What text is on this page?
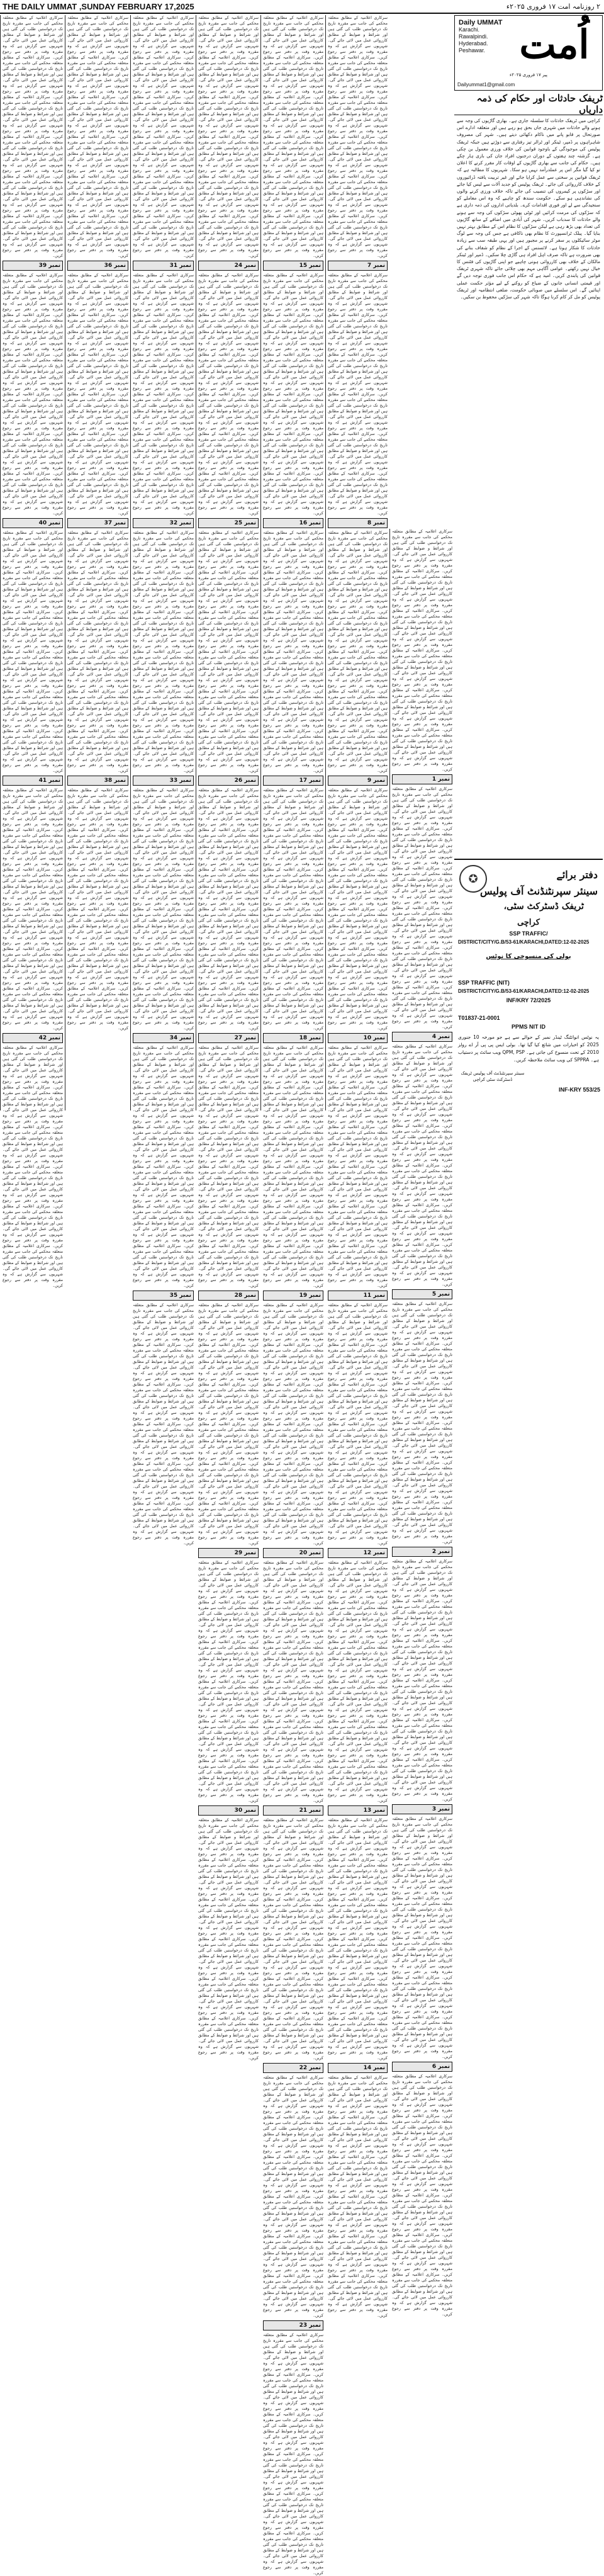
THE DAILY UMMAT ,SUNDAY FEBRUARY 17,2025	۲ روزنامہ امت ۱۷ فروری ۲۰۲۵ء
سرکاری اعلامیہ کے مطابق متعلقہ محکمے کی جانب سے مقررہ تاریخ تک درخواستیں طلب کی گئی ہیں اور شرائط و ضوابط کے مطابق کارروائی عمل میں لائی جائے گی۔ شہریوں سے گزارش ہے کہ وہ مقررہ وقت پر دفتر سے رجوع کریں۔ سرکاری اعلامیہ کے مطابق متعلقہ محکمے کی جانب سے مقررہ تاریخ تک درخواستیں طلب کی گئی ہیں اور شرائط و ضوابط کے مطابق کارروائی عمل میں لائی جائے گی۔ شہریوں سے گزارش ہے کہ وہ مقررہ وقت پر دفتر سے رجوع کریں۔ سرکاری اعلامیہ کے مطابق متعلقہ محکمے کی جانب سے مقررہ تاریخ تک درخواستیں طلب کی گئی ہیں اور شرائط و ضوابط کے مطابق کارروائی عمل میں لائی جائے گی۔ شہریوں سے گزارش ہے کہ وہ مقررہ وقت پر دفتر سے رجوع کریں۔ سرکاری اعلامیہ کے مطابق متعلقہ محکمے کی جانب سے مقررہ تاریخ تک درخواستیں طلب کی گئی ہیں اور شرائط و ضوابط کے مطابق کارروائی عمل میں لائی جائے گی۔ شہریوں سے گزارش ہے کہ وہ مقررہ وقت پر دفتر سے رجوع کریں۔ سرکاری اعلامیہ کے مطابق متعلقہ محکمے کی جانب سے مقررہ تاریخ تک درخواستیں طلب کی گئی ہیں اور شرائط و ضوابط کے مطابق کارروائی عمل میں لائی جائے گی۔ شہریوں سے گزارش ہے کہ وہ مقررہ وقت پر دفتر سے رجوع کریں۔ سرکاری اعلامیہ کے مطابق متعلقہ محکمے کی جانب سے مقررہ تاریخ تک درخواستیں طلب کی گئی ہیں اور شرائط و ضوابط کے مطابق کارروائی عمل میں لائی جائے گی۔ شہریوں سے گزارش ہے کہ وہ مقررہ وقت پر دفتر سے رجوع کریں۔
نمبر 39
سرکاری اعلامیہ کے مطابق متعلقہ محکمے کی جانب سے مقررہ تاریخ تک درخواستیں طلب کی گئی ہیں اور شرائط و ضوابط کے مطابق کارروائی عمل میں لائی جائے گی۔ شہریوں سے گزارش ہے کہ وہ مقررہ وقت پر دفتر سے رجوع کریں۔ سرکاری اعلامیہ کے مطابق متعلقہ محکمے کی جانب سے مقررہ تاریخ تک درخواستیں طلب کی گئی ہیں اور شرائط و ضوابط کے مطابق کارروائی عمل میں لائی جائے گی۔ شہریوں سے گزارش ہے کہ وہ مقررہ وقت پر دفتر سے رجوع کریں۔ سرکاری اعلامیہ کے مطابق متعلقہ محکمے کی جانب سے مقررہ تاریخ تک درخواستیں طلب کی گئی ہیں اور شرائط و ضوابط کے مطابق کارروائی عمل میں لائی جائے گی۔ شہریوں سے گزارش ہے کہ وہ مقررہ وقت پر دفتر سے رجوع کریں۔ سرکاری اعلامیہ کے مطابق متعلقہ محکمے کی جانب سے مقررہ تاریخ تک درخواستیں طلب کی گئی ہیں اور شرائط و ضوابط کے مطابق کارروائی عمل میں لائی جائے گی۔ شہریوں سے گزارش ہے کہ وہ مقررہ وقت پر دفتر سے رجوع کریں۔ سرکاری اعلامیہ کے مطابق متعلقہ محکمے کی جانب سے مقررہ تاریخ تک درخواستیں طلب کی گئی ہیں اور شرائط و ضوابط کے مطابق کارروائی عمل میں لائی جائے گی۔ شہریوں سے گزارش ہے کہ وہ مقررہ وقت پر دفتر سے رجوع کریں۔ سرکاری اعلامیہ کے مطابق متعلقہ محکمے کی جانب سے مقررہ تاریخ تک درخواستیں طلب کی گئی ہیں اور شرائط و ضوابط کے مطابق کارروائی عمل میں لائی جائے گی۔ شہریوں سے گزارش ہے کہ وہ مقررہ وقت پر دفتر سے رجوع کریں۔
نمبر 40
سرکاری اعلامیہ کے مطابق متعلقہ محکمے کی جانب سے مقررہ تاریخ تک درخواستیں طلب کی گئی ہیں اور شرائط و ضوابط کے مطابق کارروائی عمل میں لائی جائے گی۔ شہریوں سے گزارش ہے کہ وہ مقررہ وقت پر دفتر سے رجوع کریں۔ سرکاری اعلامیہ کے مطابق متعلقہ محکمے کی جانب سے مقررہ تاریخ تک درخواستیں طلب کی گئی ہیں اور شرائط و ضوابط کے مطابق کارروائی عمل میں لائی جائے گی۔ شہریوں سے گزارش ہے کہ وہ مقررہ وقت پر دفتر سے رجوع کریں۔ سرکاری اعلامیہ کے مطابق متعلقہ محکمے کی جانب سے مقررہ تاریخ تک درخواستیں طلب کی گئی ہیں اور شرائط و ضوابط کے مطابق کارروائی عمل میں لائی جائے گی۔ شہریوں سے گزارش ہے کہ وہ مقررہ وقت پر دفتر سے رجوع کریں۔ سرکاری اعلامیہ کے مطابق متعلقہ محکمے کی جانب سے مقررہ تاریخ تک درخواستیں طلب کی گئی ہیں اور شرائط و ضوابط کے مطابق کارروائی عمل میں لائی جائے گی۔ شہریوں سے گزارش ہے کہ وہ مقررہ وقت پر دفتر سے رجوع کریں۔ سرکاری اعلامیہ کے مطابق متعلقہ محکمے کی جانب سے مقررہ تاریخ تک درخواستیں طلب کی گئی ہیں اور شرائط و ضوابط کے مطابق کارروائی عمل میں لائی جائے گی۔ شہریوں سے گزارش ہے کہ وہ مقررہ وقت پر دفتر سے رجوع کریں۔ سرکاری اعلامیہ کے مطابق متعلقہ محکمے کی جانب سے مقررہ تاریخ تک درخواستیں طلب کی گئی ہیں اور شرائط و ضوابط کے مطابق کارروائی عمل میں لائی جائے گی۔ شہریوں سے گزارش ہے کہ وہ مقررہ وقت پر دفتر سے رجوع کریں۔
نمبر 41
سرکاری اعلامیہ کے مطابق متعلقہ محکمے کی جانب سے مقررہ تاریخ تک درخواستیں طلب کی گئی ہیں اور شرائط و ضوابط کے مطابق کارروائی عمل میں لائی جائے گی۔ شہریوں سے گزارش ہے کہ وہ مقررہ وقت پر دفتر سے رجوع کریں۔ سرکاری اعلامیہ کے مطابق متعلقہ محکمے کی جانب سے مقررہ تاریخ تک درخواستیں طلب کی گئی ہیں اور شرائط و ضوابط کے مطابق کارروائی عمل میں لائی جائے گی۔ شہریوں سے گزارش ہے کہ وہ مقررہ وقت پر دفتر سے رجوع کریں۔ سرکاری اعلامیہ کے مطابق متعلقہ محکمے کی جانب سے مقررہ تاریخ تک درخواستیں طلب کی گئی ہیں اور شرائط و ضوابط کے مطابق کارروائی عمل میں لائی جائے گی۔ شہریوں سے گزارش ہے کہ وہ مقررہ وقت پر دفتر سے رجوع کریں۔ سرکاری اعلامیہ کے مطابق متعلقہ محکمے کی جانب سے مقررہ تاریخ تک درخواستیں طلب کی گئی ہیں اور شرائط و ضوابط کے مطابق کارروائی عمل میں لائی جائے گی۔ شہریوں سے گزارش ہے کہ وہ مقررہ وقت پر دفتر سے رجوع کریں۔ سرکاری اعلامیہ کے مطابق متعلقہ محکمے کی جانب سے مقررہ تاریخ تک درخواستیں طلب کی گئی ہیں اور شرائط و ضوابط کے مطابق کارروائی عمل میں لائی جائے گی۔ شہریوں سے گزارش ہے کہ وہ مقررہ وقت پر دفتر سے رجوع کریں۔ سرکاری اعلامیہ کے مطابق متعلقہ محکمے کی جانب سے مقررہ تاریخ تک درخواستیں طلب کی گئی ہیں اور شرائط و ضوابط کے مطابق کارروائی عمل میں لائی جائے گی۔ شہریوں سے گزارش ہے کہ وہ مقررہ وقت پر دفتر سے رجوع کریں۔
نمبر 42
سرکاری اعلامیہ کے مطابق متعلقہ محکمے کی جانب سے مقررہ تاریخ تک درخواستیں طلب کی گئی ہیں اور شرائط و ضوابط کے مطابق کارروائی عمل میں لائی جائے گی۔ شہریوں سے گزارش ہے کہ وہ مقررہ وقت پر دفتر سے رجوع کریں۔ سرکاری اعلامیہ کے مطابق متعلقہ محکمے کی جانب سے مقررہ تاریخ تک درخواستیں طلب کی گئی ہیں اور شرائط و ضوابط کے مطابق کارروائی عمل میں لائی جائے گی۔ شہریوں سے گزارش ہے کہ وہ مقررہ وقت پر دفتر سے رجوع کریں۔ سرکاری اعلامیہ کے مطابق متعلقہ محکمے کی جانب سے مقررہ تاریخ تک درخواستیں طلب کی گئی ہیں اور شرائط و ضوابط کے مطابق کارروائی عمل میں لائی جائے گی۔ شہریوں سے گزارش ہے کہ وہ مقررہ وقت پر دفتر سے رجوع کریں۔ سرکاری اعلامیہ کے مطابق متعلقہ محکمے کی جانب سے مقررہ تاریخ تک درخواستیں طلب کی گئی ہیں اور شرائط و ضوابط کے مطابق کارروائی عمل میں لائی جائے گی۔ شہریوں سے گزارش ہے کہ وہ مقررہ وقت پر دفتر سے رجوع کریں۔ سرکاری اعلامیہ کے مطابق متعلقہ محکمے کی جانب سے مقررہ تاریخ تک درخواستیں طلب کی گئی ہیں اور شرائط و ضوابط کے مطابق کارروائی عمل میں لائی جائے گی۔ شہریوں سے گزارش ہے کہ وہ مقررہ وقت پر دفتر سے رجوع کریں۔ سرکاری اعلامیہ کے مطابق متعلقہ محکمے کی جانب سے مقررہ تاریخ تک درخواستیں طلب کی گئی ہیں اور شرائط و ضوابط کے مطابق کارروائی عمل میں لائی جائے گی۔ شہریوں سے گزارش ہے کہ وہ مقررہ وقت پر دفتر سے رجوع کریں۔
سرکاری اعلامیہ کے مطابق متعلقہ محکمے کی جانب سے مقررہ تاریخ تک درخواستیں طلب کی گئی ہیں اور شرائط و ضوابط کے مطابق کارروائی عمل میں لائی جائے گی۔ شہریوں سے گزارش ہے کہ وہ مقررہ وقت پر دفتر سے رجوع کریں۔ سرکاری اعلامیہ کے مطابق متعلقہ محکمے کی جانب سے مقررہ تاریخ تک درخواستیں طلب کی گئی ہیں اور شرائط و ضوابط کے مطابق کارروائی عمل میں لائی جائے گی۔ شہریوں سے گزارش ہے کہ وہ مقررہ وقت پر دفتر سے رجوع کریں۔ سرکاری اعلامیہ کے مطابق متعلقہ محکمے کی جانب سے مقررہ تاریخ تک درخواستیں طلب کی گئی ہیں اور شرائط و ضوابط کے مطابق کارروائی عمل میں لائی جائے گی۔ شہریوں سے گزارش ہے کہ وہ مقررہ وقت پر دفتر سے رجوع کریں۔ سرکاری اعلامیہ کے مطابق متعلقہ محکمے کی جانب سے مقررہ تاریخ تک درخواستیں طلب کی گئی ہیں اور شرائط و ضوابط کے مطابق کارروائی عمل میں لائی جائے گی۔ شہریوں سے گزارش ہے کہ وہ مقررہ وقت پر دفتر سے رجوع کریں۔ سرکاری اعلامیہ کے مطابق متعلقہ محکمے کی جانب سے مقررہ تاریخ تک درخواستیں طلب کی گئی ہیں اور شرائط و ضوابط کے مطابق کارروائی عمل میں لائی جائے گی۔ شہریوں سے گزارش ہے کہ وہ مقررہ وقت پر دفتر سے رجوع کریں۔ سرکاری اعلامیہ کے مطابق متعلقہ محکمے کی جانب سے مقررہ تاریخ تک درخواستیں طلب کی گئی ہیں اور شرائط و ضوابط کے مطابق کارروائی عمل میں لائی جائے گی۔ شہریوں سے گزارش ہے کہ وہ مقررہ وقت پر دفتر سے رجوع کریں۔
نمبر 36
سرکاری اعلامیہ کے مطابق متعلقہ محکمے کی جانب سے مقررہ تاریخ تک درخواستیں طلب کی گئی ہیں اور شرائط و ضوابط کے مطابق کارروائی عمل میں لائی جائے گی۔ شہریوں سے گزارش ہے کہ وہ مقررہ وقت پر دفتر سے رجوع کریں۔ سرکاری اعلامیہ کے مطابق متعلقہ محکمے کی جانب سے مقررہ تاریخ تک درخواستیں طلب کی گئی ہیں اور شرائط و ضوابط کے مطابق کارروائی عمل میں لائی جائے گی۔ شہریوں سے گزارش ہے کہ وہ مقررہ وقت پر دفتر سے رجوع کریں۔ سرکاری اعلامیہ کے مطابق متعلقہ محکمے کی جانب سے مقررہ تاریخ تک درخواستیں طلب کی گئی ہیں اور شرائط و ضوابط کے مطابق کارروائی عمل میں لائی جائے گی۔ شہریوں سے گزارش ہے کہ وہ مقررہ وقت پر دفتر سے رجوع کریں۔ سرکاری اعلامیہ کے مطابق متعلقہ محکمے کی جانب سے مقررہ تاریخ تک درخواستیں طلب کی گئی ہیں اور شرائط و ضوابط کے مطابق کارروائی عمل میں لائی جائے گی۔ شہریوں سے گزارش ہے کہ وہ مقررہ وقت پر دفتر سے رجوع کریں۔ سرکاری اعلامیہ کے مطابق متعلقہ محکمے کی جانب سے مقررہ تاریخ تک درخواستیں طلب کی گئی ہیں اور شرائط و ضوابط کے مطابق کارروائی عمل میں لائی جائے گی۔ شہریوں سے گزارش ہے کہ وہ مقررہ وقت پر دفتر سے رجوع کریں۔ سرکاری اعلامیہ کے مطابق متعلقہ محکمے کی جانب سے مقررہ تاریخ تک درخواستیں طلب کی گئی ہیں اور شرائط و ضوابط کے مطابق کارروائی عمل میں لائی جائے گی۔ شہریوں سے گزارش ہے کہ وہ مقررہ وقت پر دفتر سے رجوع کریں۔
نمبر 37
سرکاری اعلامیہ کے مطابق متعلقہ محکمے کی جانب سے مقررہ تاریخ تک درخواستیں طلب کی گئی ہیں اور شرائط و ضوابط کے مطابق کارروائی عمل میں لائی جائے گی۔ شہریوں سے گزارش ہے کہ وہ مقررہ وقت پر دفتر سے رجوع کریں۔ سرکاری اعلامیہ کے مطابق متعلقہ محکمے کی جانب سے مقررہ تاریخ تک درخواستیں طلب کی گئی ہیں اور شرائط و ضوابط کے مطابق کارروائی عمل میں لائی جائے گی۔ شہریوں سے گزارش ہے کہ وہ مقررہ وقت پر دفتر سے رجوع کریں۔ سرکاری اعلامیہ کے مطابق متعلقہ محکمے کی جانب سے مقررہ تاریخ تک درخواستیں طلب کی گئی ہیں اور شرائط و ضوابط کے مطابق کارروائی عمل میں لائی جائے گی۔ شہریوں سے گزارش ہے کہ وہ مقررہ وقت پر دفتر سے رجوع کریں۔ سرکاری اعلامیہ کے مطابق متعلقہ محکمے کی جانب سے مقررہ تاریخ تک درخواستیں طلب کی گئی ہیں اور شرائط و ضوابط کے مطابق کارروائی عمل میں لائی جائے گی۔ شہریوں سے گزارش ہے کہ وہ مقررہ وقت پر دفتر سے رجوع کریں۔ سرکاری اعلامیہ کے مطابق متعلقہ محکمے کی جانب سے مقررہ تاریخ تک درخواستیں طلب کی گئی ہیں اور شرائط و ضوابط کے مطابق کارروائی عمل میں لائی جائے گی۔ شہریوں سے گزارش ہے کہ وہ مقررہ وقت پر دفتر سے رجوع کریں۔ سرکاری اعلامیہ کے مطابق متعلقہ محکمے کی جانب سے مقررہ تاریخ تک درخواستیں طلب کی گئی ہیں اور شرائط و ضوابط کے مطابق کارروائی عمل میں لائی جائے گی۔ شہریوں سے گزارش ہے کہ وہ مقررہ وقت پر دفتر سے رجوع کریں۔
نمبر 38
سرکاری اعلامیہ کے مطابق متعلقہ محکمے کی جانب سے مقررہ تاریخ تک درخواستیں طلب کی گئی ہیں اور شرائط و ضوابط کے مطابق کارروائی عمل میں لائی جائے گی۔ شہریوں سے گزارش ہے کہ وہ مقررہ وقت پر دفتر سے رجوع کریں۔ سرکاری اعلامیہ کے مطابق متعلقہ محکمے کی جانب سے مقررہ تاریخ تک درخواستیں طلب کی گئی ہیں اور شرائط و ضوابط کے مطابق کارروائی عمل میں لائی جائے گی۔ شہریوں سے گزارش ہے کہ وہ مقررہ وقت پر دفتر سے رجوع کریں۔ سرکاری اعلامیہ کے مطابق متعلقہ محکمے کی جانب سے مقررہ تاریخ تک درخواستیں طلب کی گئی ہیں اور شرائط و ضوابط کے مطابق کارروائی عمل میں لائی جائے گی۔ شہریوں سے گزارش ہے کہ وہ مقررہ وقت پر دفتر سے رجوع کریں۔ سرکاری اعلامیہ کے مطابق متعلقہ محکمے کی جانب سے مقررہ تاریخ تک درخواستیں طلب کی گئی ہیں اور شرائط و ضوابط کے مطابق کارروائی عمل میں لائی جائے گی۔ شہریوں سے گزارش ہے کہ وہ مقررہ وقت پر دفتر سے رجوع کریں۔ سرکاری اعلامیہ کے مطابق متعلقہ محکمے کی جانب سے مقررہ تاریخ تک درخواستیں طلب کی گئی ہیں اور شرائط و ضوابط کے مطابق کارروائی عمل میں لائی جائے گی۔ شہریوں سے گزارش ہے کہ وہ مقررہ وقت پر دفتر سے رجوع کریں۔ سرکاری اعلامیہ کے مطابق متعلقہ محکمے کی جانب سے مقررہ تاریخ تک درخواستیں طلب کی گئی ہیں اور شرائط و ضوابط کے مطابق کارروائی عمل میں لائی جائے گی۔ شہریوں سے گزارش ہے کہ وہ مقررہ وقت پر دفتر سے رجوع کریں۔
سرکاری اعلامیہ کے مطابق متعلقہ محکمے کی جانب سے مقررہ تاریخ تک درخواستیں طلب کی گئی ہیں اور شرائط و ضوابط کے مطابق کارروائی عمل میں لائی جائے گی۔ شہریوں سے گزارش ہے کہ وہ مقررہ وقت پر دفتر سے رجوع کریں۔ سرکاری اعلامیہ کے مطابق متعلقہ محکمے کی جانب سے مقررہ تاریخ تک درخواستیں طلب کی گئی ہیں اور شرائط و ضوابط کے مطابق کارروائی عمل میں لائی جائے گی۔ شہریوں سے گزارش ہے کہ وہ مقررہ وقت پر دفتر سے رجوع کریں۔ سرکاری اعلامیہ کے مطابق متعلقہ محکمے کی جانب سے مقررہ تاریخ تک درخواستیں طلب کی گئی ہیں اور شرائط و ضوابط کے مطابق کارروائی عمل میں لائی جائے گی۔ شہریوں سے گزارش ہے کہ وہ مقررہ وقت پر دفتر سے رجوع کریں۔ سرکاری اعلامیہ کے مطابق متعلقہ محکمے کی جانب سے مقررہ تاریخ تک درخواستیں طلب کی گئی ہیں اور شرائط و ضوابط کے مطابق کارروائی عمل میں لائی جائے گی۔ شہریوں سے گزارش ہے کہ وہ مقررہ وقت پر دفتر سے رجوع کریں۔ سرکاری اعلامیہ کے مطابق متعلقہ محکمے کی جانب سے مقررہ تاریخ تک درخواستیں طلب کی گئی ہیں اور شرائط و ضوابط کے مطابق کارروائی عمل میں لائی جائے گی۔ شہریوں سے گزارش ہے کہ وہ مقررہ وقت پر دفتر سے رجوع کریں۔ سرکاری اعلامیہ کے مطابق متعلقہ محکمے کی جانب سے مقررہ تاریخ تک درخواستیں طلب کی گئی ہیں اور شرائط و ضوابط کے مطابق کارروائی عمل میں لائی جائے گی۔ شہریوں سے گزارش ہے کہ وہ مقررہ وقت پر دفتر سے رجوع کریں۔
نمبر 31
سرکاری اعلامیہ کے مطابق متعلقہ محکمے کی جانب سے مقررہ تاریخ تک درخواستیں طلب کی گئی ہیں اور شرائط و ضوابط کے مطابق کارروائی عمل میں لائی جائے گی۔ شہریوں سے گزارش ہے کہ وہ مقررہ وقت پر دفتر سے رجوع کریں۔ سرکاری اعلامیہ کے مطابق متعلقہ محکمے کی جانب سے مقررہ تاریخ تک درخواستیں طلب کی گئی ہیں اور شرائط و ضوابط کے مطابق کارروائی عمل میں لائی جائے گی۔ شہریوں سے گزارش ہے کہ وہ مقررہ وقت پر دفتر سے رجوع کریں۔ سرکاری اعلامیہ کے مطابق متعلقہ محکمے کی جانب سے مقررہ تاریخ تک درخواستیں طلب کی گئی ہیں اور شرائط و ضوابط کے مطابق کارروائی عمل میں لائی جائے گی۔ شہریوں سے گزارش ہے کہ وہ مقررہ وقت پر دفتر سے رجوع کریں۔ سرکاری اعلامیہ کے مطابق متعلقہ محکمے کی جانب سے مقررہ تاریخ تک درخواستیں طلب کی گئی ہیں اور شرائط و ضوابط کے مطابق کارروائی عمل میں لائی جائے گی۔ شہریوں سے گزارش ہے کہ وہ مقررہ وقت پر دفتر سے رجوع کریں۔ سرکاری اعلامیہ کے مطابق متعلقہ محکمے کی جانب سے مقررہ تاریخ تک درخواستیں طلب کی گئی ہیں اور شرائط و ضوابط کے مطابق کارروائی عمل میں لائی جائے گی۔ شہریوں سے گزارش ہے کہ وہ مقررہ وقت پر دفتر سے رجوع کریں۔ سرکاری اعلامیہ کے مطابق متعلقہ محکمے کی جانب سے مقررہ تاریخ تک درخواستیں طلب کی گئی ہیں اور شرائط و ضوابط کے مطابق کارروائی عمل میں لائی جائے گی۔ شہریوں سے گزارش ہے کہ وہ مقررہ وقت پر دفتر سے رجوع کریں۔
نمبر 32
سرکاری اعلامیہ کے مطابق متعلقہ محکمے کی جانب سے مقررہ تاریخ تک درخواستیں طلب کی گئی ہیں اور شرائط و ضوابط کے مطابق کارروائی عمل میں لائی جائے گی۔ شہریوں سے گزارش ہے کہ وہ مقررہ وقت پر دفتر سے رجوع کریں۔ سرکاری اعلامیہ کے مطابق متعلقہ محکمے کی جانب سے مقررہ تاریخ تک درخواستیں طلب کی گئی ہیں اور شرائط و ضوابط کے مطابق کارروائی عمل میں لائی جائے گی۔ شہریوں سے گزارش ہے کہ وہ مقررہ وقت پر دفتر سے رجوع کریں۔ سرکاری اعلامیہ کے مطابق متعلقہ محکمے کی جانب سے مقررہ تاریخ تک درخواستیں طلب کی گئی ہیں اور شرائط و ضوابط کے مطابق کارروائی عمل میں لائی جائے گی۔ شہریوں سے گزارش ہے کہ وہ مقررہ وقت پر دفتر سے رجوع کریں۔ سرکاری اعلامیہ کے مطابق متعلقہ محکمے کی جانب سے مقررہ تاریخ تک درخواستیں طلب کی گئی ہیں اور شرائط و ضوابط کے مطابق کارروائی عمل میں لائی جائے گی۔ شہریوں سے گزارش ہے کہ وہ مقررہ وقت پر دفتر سے رجوع کریں۔ سرکاری اعلامیہ کے مطابق متعلقہ محکمے کی جانب سے مقررہ تاریخ تک درخواستیں طلب کی گئی ہیں اور شرائط و ضوابط کے مطابق کارروائی عمل میں لائی جائے گی۔ شہریوں سے گزارش ہے کہ وہ مقررہ وقت پر دفتر سے رجوع کریں۔ سرکاری اعلامیہ کے مطابق متعلقہ محکمے کی جانب سے مقررہ تاریخ تک درخواستیں طلب کی گئی ہیں اور شرائط و ضوابط کے مطابق کارروائی عمل میں لائی جائے گی۔ شہریوں سے گزارش ہے کہ وہ مقررہ وقت پر دفتر سے رجوع کریں۔
نمبر 33
سرکاری اعلامیہ کے مطابق متعلقہ محکمے کی جانب سے مقررہ تاریخ تک درخواستیں طلب کی گئی ہیں اور شرائط و ضوابط کے مطابق کارروائی عمل میں لائی جائے گی۔ شہریوں سے گزارش ہے کہ وہ مقررہ وقت پر دفتر سے رجوع کریں۔ سرکاری اعلامیہ کے مطابق متعلقہ محکمے کی جانب سے مقررہ تاریخ تک درخواستیں طلب کی گئی ہیں اور شرائط و ضوابط کے مطابق کارروائی عمل میں لائی جائے گی۔ شہریوں سے گزارش ہے کہ وہ مقررہ وقت پر دفتر سے رجوع کریں۔ سرکاری اعلامیہ کے مطابق متعلقہ محکمے کی جانب سے مقررہ تاریخ تک درخواستیں طلب کی گئی ہیں اور شرائط و ضوابط کے مطابق کارروائی عمل میں لائی جائے گی۔ شہریوں سے گزارش ہے کہ وہ مقررہ وقت پر دفتر سے رجوع کریں۔ سرکاری اعلامیہ کے مطابق متعلقہ محکمے کی جانب سے مقررہ تاریخ تک درخواستیں طلب کی گئی ہیں اور شرائط و ضوابط کے مطابق کارروائی عمل میں لائی جائے گی۔ شہریوں سے گزارش ہے کہ وہ مقررہ وقت پر دفتر سے رجوع کریں۔ سرکاری اعلامیہ کے مطابق متعلقہ محکمے کی جانب سے مقررہ تاریخ تک درخواستیں طلب کی گئی ہیں اور شرائط و ضوابط کے مطابق کارروائی عمل میں لائی جائے گی۔ شہریوں سے گزارش ہے کہ وہ مقررہ وقت پر دفتر سے رجوع کریں۔ سرکاری اعلامیہ کے مطابق متعلقہ محکمے کی جانب سے مقررہ تاریخ تک درخواستیں طلب کی گئی ہیں اور شرائط و ضوابط کے مطابق کارروائی عمل میں لائی جائے گی۔ شہریوں سے گزارش ہے کہ وہ مقررہ وقت پر دفتر سے رجوع کریں۔
نمبر 34
سرکاری اعلامیہ کے مطابق متعلقہ محکمے کی جانب سے مقررہ تاریخ تک درخواستیں طلب کی گئی ہیں اور شرائط و ضوابط کے مطابق کارروائی عمل میں لائی جائے گی۔ شہریوں سے گزارش ہے کہ وہ مقررہ وقت پر دفتر سے رجوع کریں۔ سرکاری اعلامیہ کے مطابق متعلقہ محکمے کی جانب سے مقررہ تاریخ تک درخواستیں طلب کی گئی ہیں اور شرائط و ضوابط کے مطابق کارروائی عمل میں لائی جائے گی۔ شہریوں سے گزارش ہے کہ وہ مقررہ وقت پر دفتر سے رجوع کریں۔ سرکاری اعلامیہ کے مطابق متعلقہ محکمے کی جانب سے مقررہ تاریخ تک درخواستیں طلب کی گئی ہیں اور شرائط و ضوابط کے مطابق کارروائی عمل میں لائی جائے گی۔ شہریوں سے گزارش ہے کہ وہ مقررہ وقت پر دفتر سے رجوع کریں۔ سرکاری اعلامیہ کے مطابق متعلقہ محکمے کی جانب سے مقررہ تاریخ تک درخواستیں طلب کی گئی ہیں اور شرائط و ضوابط کے مطابق کارروائی عمل میں لائی جائے گی۔ شہریوں سے گزارش ہے کہ وہ مقررہ وقت پر دفتر سے رجوع کریں۔ سرکاری اعلامیہ کے مطابق متعلقہ محکمے کی جانب سے مقررہ تاریخ تک درخواستیں طلب کی گئی ہیں اور شرائط و ضوابط کے مطابق کارروائی عمل میں لائی جائے گی۔ شہریوں سے گزارش ہے کہ وہ مقررہ وقت پر دفتر سے رجوع کریں۔ سرکاری اعلامیہ کے مطابق متعلقہ محکمے کی جانب سے مقررہ تاریخ تک درخواستیں طلب کی گئی ہیں اور شرائط و ضوابط کے مطابق کارروائی عمل میں لائی جائے گی۔ شہریوں سے گزارش ہے کہ وہ مقررہ وقت پر دفتر سے رجوع کریں۔
نمبر 35
سرکاری اعلامیہ کے مطابق متعلقہ محکمے کی جانب سے مقررہ تاریخ تک درخواستیں طلب کی گئی ہیں اور شرائط و ضوابط کے مطابق کارروائی عمل میں لائی جائے گی۔ شہریوں سے گزارش ہے کہ وہ مقررہ وقت پر دفتر سے رجوع کریں۔ سرکاری اعلامیہ کے مطابق متعلقہ محکمے کی جانب سے مقررہ تاریخ تک درخواستیں طلب کی گئی ہیں اور شرائط و ضوابط کے مطابق کارروائی عمل میں لائی جائے گی۔ شہریوں سے گزارش ہے کہ وہ مقررہ وقت پر دفتر سے رجوع کریں۔ سرکاری اعلامیہ کے مطابق متعلقہ محکمے کی جانب سے مقررہ تاریخ تک درخواستیں طلب کی گئی ہیں اور شرائط و ضوابط کے مطابق کارروائی عمل میں لائی جائے گی۔ شہریوں سے گزارش ہے کہ وہ مقررہ وقت پر دفتر سے رجوع کریں۔ سرکاری اعلامیہ کے مطابق متعلقہ محکمے کی جانب سے مقررہ تاریخ تک درخواستیں طلب کی گئی ہیں اور شرائط و ضوابط کے مطابق کارروائی عمل میں لائی جائے گی۔ شہریوں سے گزارش ہے کہ وہ مقررہ وقت پر دفتر سے رجوع کریں۔ سرکاری اعلامیہ کے مطابق متعلقہ محکمے کی جانب سے مقررہ تاریخ تک درخواستیں طلب کی گئی ہیں اور شرائط و ضوابط کے مطابق کارروائی عمل میں لائی جائے گی۔ شہریوں سے گزارش ہے کہ وہ مقررہ وقت پر دفتر سے رجوع کریں۔ سرکاری اعلامیہ کے مطابق متعلقہ محکمے کی جانب سے مقررہ تاریخ تک درخواستیں طلب کی گئی ہیں اور شرائط و ضوابط کے مطابق کارروائی عمل میں لائی جائے گی۔ شہریوں سے گزارش ہے کہ وہ مقررہ وقت پر دفتر سے رجوع کریں۔
سرکاری اعلامیہ کے مطابق متعلقہ محکمے کی جانب سے مقررہ تاریخ تک درخواستیں طلب کی گئی ہیں اور شرائط و ضوابط کے مطابق کارروائی عمل میں لائی جائے گی۔ شہریوں سے گزارش ہے کہ وہ مقررہ وقت پر دفتر سے رجوع کریں۔ سرکاری اعلامیہ کے مطابق متعلقہ محکمے کی جانب سے مقررہ تاریخ تک درخواستیں طلب کی گئی ہیں اور شرائط و ضوابط کے مطابق کارروائی عمل میں لائی جائے گی۔ شہریوں سے گزارش ہے کہ وہ مقررہ وقت پر دفتر سے رجوع کریں۔ سرکاری اعلامیہ کے مطابق متعلقہ محکمے کی جانب سے مقررہ تاریخ تک درخواستیں طلب کی گئی ہیں اور شرائط و ضوابط کے مطابق کارروائی عمل میں لائی جائے گی۔ شہریوں سے گزارش ہے کہ وہ مقررہ وقت پر دفتر سے رجوع کریں۔ سرکاری اعلامیہ کے مطابق متعلقہ محکمے کی جانب سے مقررہ تاریخ تک درخواستیں طلب کی گئی ہیں اور شرائط و ضوابط کے مطابق کارروائی عمل میں لائی جائے گی۔ شہریوں سے گزارش ہے کہ وہ مقررہ وقت پر دفتر سے رجوع کریں۔ سرکاری اعلامیہ کے مطابق متعلقہ محکمے کی جانب سے مقررہ تاریخ تک درخواستیں طلب کی گئی ہیں اور شرائط و ضوابط کے مطابق کارروائی عمل میں لائی جائے گی۔ شہریوں سے گزارش ہے کہ وہ مقررہ وقت پر دفتر سے رجوع کریں۔ سرکاری اعلامیہ کے مطابق متعلقہ محکمے کی جانب سے مقررہ تاریخ تک درخواستیں طلب کی گئی ہیں اور شرائط و ضوابط کے مطابق کارروائی عمل میں لائی جائے گی۔ شہریوں سے گزارش ہے کہ وہ مقررہ وقت پر دفتر سے رجوع کریں۔
نمبر 24
سرکاری اعلامیہ کے مطابق متعلقہ محکمے کی جانب سے مقررہ تاریخ تک درخواستیں طلب کی گئی ہیں اور شرائط و ضوابط کے مطابق کارروائی عمل میں لائی جائے گی۔ شہریوں سے گزارش ہے کہ وہ مقررہ وقت پر دفتر سے رجوع کریں۔ سرکاری اعلامیہ کے مطابق متعلقہ محکمے کی جانب سے مقررہ تاریخ تک درخواستیں طلب کی گئی ہیں اور شرائط و ضوابط کے مطابق کارروائی عمل میں لائی جائے گی۔ شہریوں سے گزارش ہے کہ وہ مقررہ وقت پر دفتر سے رجوع کریں۔ سرکاری اعلامیہ کے مطابق متعلقہ محکمے کی جانب سے مقررہ تاریخ تک درخواستیں طلب کی گئی ہیں اور شرائط و ضوابط کے مطابق کارروائی عمل میں لائی جائے گی۔ شہریوں سے گزارش ہے کہ وہ مقررہ وقت پر دفتر سے رجوع کریں۔ سرکاری اعلامیہ کے مطابق متعلقہ محکمے کی جانب سے مقررہ تاریخ تک درخواستیں طلب کی گئی ہیں اور شرائط و ضوابط کے مطابق کارروائی عمل میں لائی جائے گی۔ شہریوں سے گزارش ہے کہ وہ مقررہ وقت پر دفتر سے رجوع کریں۔ سرکاری اعلامیہ کے مطابق متعلقہ محکمے کی جانب سے مقررہ تاریخ تک درخواستیں طلب کی گئی ہیں اور شرائط و ضوابط کے مطابق کارروائی عمل میں لائی جائے گی۔ شہریوں سے گزارش ہے کہ وہ مقررہ وقت پر دفتر سے رجوع کریں۔ سرکاری اعلامیہ کے مطابق متعلقہ محکمے کی جانب سے مقررہ تاریخ تک درخواستیں طلب کی گئی ہیں اور شرائط و ضوابط کے مطابق کارروائی عمل میں لائی جائے گی۔ شہریوں سے گزارش ہے کہ وہ مقررہ وقت پر دفتر سے رجوع کریں۔
نمبر 25
سرکاری اعلامیہ کے مطابق متعلقہ محکمے کی جانب سے مقررہ تاریخ تک درخواستیں طلب کی گئی ہیں اور شرائط و ضوابط کے مطابق کارروائی عمل میں لائی جائے گی۔ شہریوں سے گزارش ہے کہ وہ مقررہ وقت پر دفتر سے رجوع کریں۔ سرکاری اعلامیہ کے مطابق متعلقہ محکمے کی جانب سے مقررہ تاریخ تک درخواستیں طلب کی گئی ہیں اور شرائط و ضوابط کے مطابق کارروائی عمل میں لائی جائے گی۔ شہریوں سے گزارش ہے کہ وہ مقررہ وقت پر دفتر سے رجوع کریں۔ سرکاری اعلامیہ کے مطابق متعلقہ محکمے کی جانب سے مقررہ تاریخ تک درخواستیں طلب کی گئی ہیں اور شرائط و ضوابط کے مطابق کارروائی عمل میں لائی جائے گی۔ شہریوں سے گزارش ہے کہ وہ مقررہ وقت پر دفتر سے رجوع کریں۔ سرکاری اعلامیہ کے مطابق متعلقہ محکمے کی جانب سے مقررہ تاریخ تک درخواستیں طلب کی گئی ہیں اور شرائط و ضوابط کے مطابق کارروائی عمل میں لائی جائے گی۔ شہریوں سے گزارش ہے کہ وہ مقررہ وقت پر دفتر سے رجوع کریں۔ سرکاری اعلامیہ کے مطابق متعلقہ محکمے کی جانب سے مقررہ تاریخ تک درخواستیں طلب کی گئی ہیں اور شرائط و ضوابط کے مطابق کارروائی عمل میں لائی جائے گی۔ شہریوں سے گزارش ہے کہ وہ مقررہ وقت پر دفتر سے رجوع کریں۔ سرکاری اعلامیہ کے مطابق متعلقہ محکمے کی جانب سے مقررہ تاریخ تک درخواستیں طلب کی گئی ہیں اور شرائط و ضوابط کے مطابق کارروائی عمل میں لائی جائے گی۔ شہریوں سے گزارش ہے کہ وہ مقررہ وقت پر دفتر سے رجوع کریں۔
نمبر 26
سرکاری اعلامیہ کے مطابق متعلقہ محکمے کی جانب سے مقررہ تاریخ تک درخواستیں طلب کی گئی ہیں اور شرائط و ضوابط کے مطابق کارروائی عمل میں لائی جائے گی۔ شہریوں سے گزارش ہے کہ وہ مقررہ وقت پر دفتر سے رجوع کریں۔ سرکاری اعلامیہ کے مطابق متعلقہ محکمے کی جانب سے مقررہ تاریخ تک درخواستیں طلب کی گئی ہیں اور شرائط و ضوابط کے مطابق کارروائی عمل میں لائی جائے گی۔ شہریوں سے گزارش ہے کہ وہ مقررہ وقت پر دفتر سے رجوع کریں۔ سرکاری اعلامیہ کے مطابق متعلقہ محکمے کی جانب سے مقررہ تاریخ تک درخواستیں طلب کی گئی ہیں اور شرائط و ضوابط کے مطابق کارروائی عمل میں لائی جائے گی۔ شہریوں سے گزارش ہے کہ وہ مقررہ وقت پر دفتر سے رجوع کریں۔ سرکاری اعلامیہ کے مطابق متعلقہ محکمے کی جانب سے مقررہ تاریخ تک درخواستیں طلب کی گئی ہیں اور شرائط و ضوابط کے مطابق کارروائی عمل میں لائی جائے گی۔ شہریوں سے گزارش ہے کہ وہ مقررہ وقت پر دفتر سے رجوع کریں۔ سرکاری اعلامیہ کے مطابق متعلقہ محکمے کی جانب سے مقررہ تاریخ تک درخواستیں طلب کی گئی ہیں اور شرائط و ضوابط کے مطابق کارروائی عمل میں لائی جائے گی۔ شہریوں سے گزارش ہے کہ وہ مقررہ وقت پر دفتر سے رجوع کریں۔ سرکاری اعلامیہ کے مطابق متعلقہ محکمے کی جانب سے مقررہ تاریخ تک درخواستیں طلب کی گئی ہیں اور شرائط و ضوابط کے مطابق کارروائی عمل میں لائی جائے گی۔ شہریوں سے گزارش ہے کہ وہ مقررہ وقت پر دفتر سے رجوع کریں۔
نمبر 27
سرکاری اعلامیہ کے مطابق متعلقہ محکمے کی جانب سے مقررہ تاریخ تک درخواستیں طلب کی گئی ہیں اور شرائط و ضوابط کے مطابق کارروائی عمل میں لائی جائے گی۔ شہریوں سے گزارش ہے کہ وہ مقررہ وقت پر دفتر سے رجوع کریں۔ سرکاری اعلامیہ کے مطابق متعلقہ محکمے کی جانب سے مقررہ تاریخ تک درخواستیں طلب کی گئی ہیں اور شرائط و ضوابط کے مطابق کارروائی عمل میں لائی جائے گی۔ شہریوں سے گزارش ہے کہ وہ مقررہ وقت پر دفتر سے رجوع کریں۔ سرکاری اعلامیہ کے مطابق متعلقہ محکمے کی جانب سے مقررہ تاریخ تک درخواستیں طلب کی گئی ہیں اور شرائط و ضوابط کے مطابق کارروائی عمل میں لائی جائے گی۔ شہریوں سے گزارش ہے کہ وہ مقررہ وقت پر دفتر سے رجوع کریں۔ سرکاری اعلامیہ کے مطابق متعلقہ محکمے کی جانب سے مقررہ تاریخ تک درخواستیں طلب کی گئی ہیں اور شرائط و ضوابط کے مطابق کارروائی عمل میں لائی جائے گی۔ شہریوں سے گزارش ہے کہ وہ مقررہ وقت پر دفتر سے رجوع کریں۔ سرکاری اعلامیہ کے مطابق متعلقہ محکمے کی جانب سے مقررہ تاریخ تک درخواستیں طلب کی گئی ہیں اور شرائط و ضوابط کے مطابق کارروائی عمل میں لائی جائے گی۔ شہریوں سے گزارش ہے کہ وہ مقررہ وقت پر دفتر سے رجوع کریں۔ سرکاری اعلامیہ کے مطابق متعلقہ محکمے کی جانب سے مقررہ تاریخ تک درخواستیں طلب کی گئی ہیں اور شرائط و ضوابط کے مطابق کارروائی عمل میں لائی جائے گی۔ شہریوں سے گزارش ہے کہ وہ مقررہ وقت پر دفتر سے رجوع کریں۔
نمبر 28
سرکاری اعلامیہ کے مطابق متعلقہ محکمے کی جانب سے مقررہ تاریخ تک درخواستیں طلب کی گئی ہیں اور شرائط و ضوابط کے مطابق کارروائی عمل میں لائی جائے گی۔ شہریوں سے گزارش ہے کہ وہ مقررہ وقت پر دفتر سے رجوع کریں۔ سرکاری اعلامیہ کے مطابق متعلقہ محکمے کی جانب سے مقررہ تاریخ تک درخواستیں طلب کی گئی ہیں اور شرائط و ضوابط کے مطابق کارروائی عمل میں لائی جائے گی۔ شہریوں سے گزارش ہے کہ وہ مقررہ وقت پر دفتر سے رجوع کریں۔ سرکاری اعلامیہ کے مطابق متعلقہ محکمے کی جانب سے مقررہ تاریخ تک درخواستیں طلب کی گئی ہیں اور شرائط و ضوابط کے مطابق کارروائی عمل میں لائی جائے گی۔ شہریوں سے گزارش ہے کہ وہ مقررہ وقت پر دفتر سے رجوع کریں۔ سرکاری اعلامیہ کے مطابق متعلقہ محکمے کی جانب سے مقررہ تاریخ تک درخواستیں طلب کی گئی ہیں اور شرائط و ضوابط کے مطابق کارروائی عمل میں لائی جائے گی۔ شہریوں سے گزارش ہے کہ وہ مقررہ وقت پر دفتر سے رجوع کریں۔ سرکاری اعلامیہ کے مطابق متعلقہ محکمے کی جانب سے مقررہ تاریخ تک درخواستیں طلب کی گئی ہیں اور شرائط و ضوابط کے مطابق کارروائی عمل میں لائی جائے گی۔ شہریوں سے گزارش ہے کہ وہ مقررہ وقت پر دفتر سے رجوع کریں۔ سرکاری اعلامیہ کے مطابق متعلقہ محکمے کی جانب سے مقررہ تاریخ تک درخواستیں طلب کی گئی ہیں اور شرائط و ضوابط کے مطابق کارروائی عمل میں لائی جائے گی۔ شہریوں سے گزارش ہے کہ وہ مقررہ وقت پر دفتر سے رجوع کریں۔
نمبر 29
سرکاری اعلامیہ کے مطابق متعلقہ محکمے کی جانب سے مقررہ تاریخ تک درخواستیں طلب کی گئی ہیں اور شرائط و ضوابط کے مطابق کارروائی عمل میں لائی جائے گی۔ شہریوں سے گزارش ہے کہ وہ مقررہ وقت پر دفتر سے رجوع کریں۔ سرکاری اعلامیہ کے مطابق متعلقہ محکمے کی جانب سے مقررہ تاریخ تک درخواستیں طلب کی گئی ہیں اور شرائط و ضوابط کے مطابق کارروائی عمل میں لائی جائے گی۔ شہریوں سے گزارش ہے کہ وہ مقررہ وقت پر دفتر سے رجوع کریں۔ سرکاری اعلامیہ کے مطابق متعلقہ محکمے کی جانب سے مقررہ تاریخ تک درخواستیں طلب کی گئی ہیں اور شرائط و ضوابط کے مطابق کارروائی عمل میں لائی جائے گی۔ شہریوں سے گزارش ہے کہ وہ مقررہ وقت پر دفتر سے رجوع کریں۔ سرکاری اعلامیہ کے مطابق متعلقہ محکمے کی جانب سے مقررہ تاریخ تک درخواستیں طلب کی گئی ہیں اور شرائط و ضوابط کے مطابق کارروائی عمل میں لائی جائے گی۔ شہریوں سے گزارش ہے کہ وہ مقررہ وقت پر دفتر سے رجوع کریں۔ سرکاری اعلامیہ کے مطابق متعلقہ محکمے کی جانب سے مقررہ تاریخ تک درخواستیں طلب کی گئی ہیں اور شرائط و ضوابط کے مطابق کارروائی عمل میں لائی جائے گی۔ شہریوں سے گزارش ہے کہ وہ مقررہ وقت پر دفتر سے رجوع کریں۔ سرکاری اعلامیہ کے مطابق متعلقہ محکمے کی جانب سے مقررہ تاریخ تک درخواستیں طلب کی گئی ہیں اور شرائط و ضوابط کے مطابق کارروائی عمل میں لائی جائے گی۔ شہریوں سے گزارش ہے کہ وہ مقررہ وقت پر دفتر سے رجوع کریں۔
نمبر 30
سرکاری اعلامیہ کے مطابق متعلقہ محکمے کی جانب سے مقررہ تاریخ تک درخواستیں طلب کی گئی ہیں اور شرائط و ضوابط کے مطابق کارروائی عمل میں لائی جائے گی۔ شہریوں سے گزارش ہے کہ وہ مقررہ وقت پر دفتر سے رجوع کریں۔ سرکاری اعلامیہ کے مطابق متعلقہ محکمے کی جانب سے مقررہ تاریخ تک درخواستیں طلب کی گئی ہیں اور شرائط و ضوابط کے مطابق کارروائی عمل میں لائی جائے گی۔ شہریوں سے گزارش ہے کہ وہ مقررہ وقت پر دفتر سے رجوع کریں۔ سرکاری اعلامیہ کے مطابق متعلقہ محکمے کی جانب سے مقررہ تاریخ تک درخواستیں طلب کی گئی ہیں اور شرائط و ضوابط کے مطابق کارروائی عمل میں لائی جائے گی۔ شہریوں سے گزارش ہے کہ وہ مقررہ وقت پر دفتر سے رجوع کریں۔ سرکاری اعلامیہ کے مطابق متعلقہ محکمے کی جانب سے مقررہ تاریخ تک درخواستیں طلب کی گئی ہیں اور شرائط و ضوابط کے مطابق کارروائی عمل میں لائی جائے گی۔ شہریوں سے گزارش ہے کہ وہ مقررہ وقت پر دفتر سے رجوع کریں۔ سرکاری اعلامیہ کے مطابق متعلقہ محکمے کی جانب سے مقررہ تاریخ تک درخواستیں طلب کی گئی ہیں اور شرائط و ضوابط کے مطابق کارروائی عمل میں لائی جائے گی۔ شہریوں سے گزارش ہے کہ وہ مقررہ وقت پر دفتر سے رجوع کریں۔ سرکاری اعلامیہ کے مطابق متعلقہ محکمے کی جانب سے مقررہ تاریخ تک درخواستیں طلب کی گئی ہیں اور شرائط و ضوابط کے مطابق کارروائی عمل میں لائی جائے گی۔ شہریوں سے گزارش ہے کہ وہ مقررہ وقت پر دفتر سے رجوع کریں۔
سرکاری اعلامیہ کے مطابق متعلقہ محکمے کی جانب سے مقررہ تاریخ تک درخواستیں طلب کی گئی ہیں اور شرائط و ضوابط کے مطابق کارروائی عمل میں لائی جائے گی۔ شہریوں سے گزارش ہے کہ وہ مقررہ وقت پر دفتر سے رجوع کریں۔ سرکاری اعلامیہ کے مطابق متعلقہ محکمے کی جانب سے مقررہ تاریخ تک درخواستیں طلب کی گئی ہیں اور شرائط و ضوابط کے مطابق کارروائی عمل میں لائی جائے گی۔ شہریوں سے گزارش ہے کہ وہ مقررہ وقت پر دفتر سے رجوع کریں۔ سرکاری اعلامیہ کے مطابق متعلقہ محکمے کی جانب سے مقررہ تاریخ تک درخواستیں طلب کی گئی ہیں اور شرائط و ضوابط کے مطابق کارروائی عمل میں لائی جائے گی۔ شہریوں سے گزارش ہے کہ وہ مقررہ وقت پر دفتر سے رجوع کریں۔ سرکاری اعلامیہ کے مطابق متعلقہ محکمے کی جانب سے مقررہ تاریخ تک درخواستیں طلب کی گئی ہیں اور شرائط و ضوابط کے مطابق کارروائی عمل میں لائی جائے گی۔ شہریوں سے گزارش ہے کہ وہ مقررہ وقت پر دفتر سے رجوع کریں۔ سرکاری اعلامیہ کے مطابق متعلقہ محکمے کی جانب سے مقررہ تاریخ تک درخواستیں طلب کی گئی ہیں اور شرائط و ضوابط کے مطابق کارروائی عمل میں لائی جائے گی۔ شہریوں سے گزارش ہے کہ وہ مقررہ وقت پر دفتر سے رجوع کریں۔ سرکاری اعلامیہ کے مطابق متعلقہ محکمے کی جانب سے مقررہ تاریخ تک درخواستیں طلب کی گئی ہیں اور شرائط و ضوابط کے مطابق کارروائی عمل میں لائی جائے گی۔ شہریوں سے گزارش ہے کہ وہ مقررہ وقت پر دفتر سے رجوع کریں۔
نمبر 15
سرکاری اعلامیہ کے مطابق متعلقہ محکمے کی جانب سے مقررہ تاریخ تک درخواستیں طلب کی گئی ہیں اور شرائط و ضوابط کے مطابق کارروائی عمل میں لائی جائے گی۔ شہریوں سے گزارش ہے کہ وہ مقررہ وقت پر دفتر سے رجوع کریں۔ سرکاری اعلامیہ کے مطابق متعلقہ محکمے کی جانب سے مقررہ تاریخ تک درخواستیں طلب کی گئی ہیں اور شرائط و ضوابط کے مطابق کارروائی عمل میں لائی جائے گی۔ شہریوں سے گزارش ہے کہ وہ مقررہ وقت پر دفتر سے رجوع کریں۔ سرکاری اعلامیہ کے مطابق متعلقہ محکمے کی جانب سے مقررہ تاریخ تک درخواستیں طلب کی گئی ہیں اور شرائط و ضوابط کے مطابق کارروائی عمل میں لائی جائے گی۔ شہریوں سے گزارش ہے کہ وہ مقررہ وقت پر دفتر سے رجوع کریں۔ سرکاری اعلامیہ کے مطابق متعلقہ محکمے کی جانب سے مقررہ تاریخ تک درخواستیں طلب کی گئی ہیں اور شرائط و ضوابط کے مطابق کارروائی عمل میں لائی جائے گی۔ شہریوں سے گزارش ہے کہ وہ مقررہ وقت پر دفتر سے رجوع کریں۔ سرکاری اعلامیہ کے مطابق متعلقہ محکمے کی جانب سے مقررہ تاریخ تک درخواستیں طلب کی گئی ہیں اور شرائط و ضوابط کے مطابق کارروائی عمل میں لائی جائے گی۔ شہریوں سے گزارش ہے کہ وہ مقررہ وقت پر دفتر سے رجوع کریں۔ سرکاری اعلامیہ کے مطابق متعلقہ محکمے کی جانب سے مقررہ تاریخ تک درخواستیں طلب کی گئی ہیں اور شرائط و ضوابط کے مطابق کارروائی عمل میں لائی جائے گی۔ شہریوں سے گزارش ہے کہ وہ مقررہ وقت پر دفتر سے رجوع کریں۔
نمبر 16
سرکاری اعلامیہ کے مطابق متعلقہ محکمے کی جانب سے مقررہ تاریخ تک درخواستیں طلب کی گئی ہیں اور شرائط و ضوابط کے مطابق کارروائی عمل میں لائی جائے گی۔ شہریوں سے گزارش ہے کہ وہ مقررہ وقت پر دفتر سے رجوع کریں۔ سرکاری اعلامیہ کے مطابق متعلقہ محکمے کی جانب سے مقررہ تاریخ تک درخواستیں طلب کی گئی ہیں اور شرائط و ضوابط کے مطابق کارروائی عمل میں لائی جائے گی۔ شہریوں سے گزارش ہے کہ وہ مقررہ وقت پر دفتر سے رجوع کریں۔ سرکاری اعلامیہ کے مطابق متعلقہ محکمے کی جانب سے مقررہ تاریخ تک درخواستیں طلب کی گئی ہیں اور شرائط و ضوابط کے مطابق کارروائی عمل میں لائی جائے گی۔ شہریوں سے گزارش ہے کہ وہ مقررہ وقت پر دفتر سے رجوع کریں۔ سرکاری اعلامیہ کے مطابق متعلقہ محکمے کی جانب سے مقررہ تاریخ تک درخواستیں طلب کی گئی ہیں اور شرائط و ضوابط کے مطابق کارروائی عمل میں لائی جائے گی۔ شہریوں سے گزارش ہے کہ وہ مقررہ وقت پر دفتر سے رجوع کریں۔ سرکاری اعلامیہ کے مطابق متعلقہ محکمے کی جانب سے مقررہ تاریخ تک درخواستیں طلب کی گئی ہیں اور شرائط و ضوابط کے مطابق کارروائی عمل میں لائی جائے گی۔ شہریوں سے گزارش ہے کہ وہ مقررہ وقت پر دفتر سے رجوع کریں۔ سرکاری اعلامیہ کے مطابق متعلقہ محکمے کی جانب سے مقررہ تاریخ تک درخواستیں طلب کی گئی ہیں اور شرائط و ضوابط کے مطابق کارروائی عمل میں لائی جائے گی۔ شہریوں سے گزارش ہے کہ وہ مقررہ وقت پر دفتر سے رجوع کریں۔
نمبر 17
سرکاری اعلامیہ کے مطابق متعلقہ محکمے کی جانب سے مقررہ تاریخ تک درخواستیں طلب کی گئی ہیں اور شرائط و ضوابط کے مطابق کارروائی عمل میں لائی جائے گی۔ شہریوں سے گزارش ہے کہ وہ مقررہ وقت پر دفتر سے رجوع کریں۔ سرکاری اعلامیہ کے مطابق متعلقہ محکمے کی جانب سے مقررہ تاریخ تک درخواستیں طلب کی گئی ہیں اور شرائط و ضوابط کے مطابق کارروائی عمل میں لائی جائے گی۔ شہریوں سے گزارش ہے کہ وہ مقررہ وقت پر دفتر سے رجوع کریں۔ سرکاری اعلامیہ کے مطابق متعلقہ محکمے کی جانب سے مقررہ تاریخ تک درخواستیں طلب کی گئی ہیں اور شرائط و ضوابط کے مطابق کارروائی عمل میں لائی جائے گی۔ شہریوں سے گزارش ہے کہ وہ مقررہ وقت پر دفتر سے رجوع کریں۔ سرکاری اعلامیہ کے مطابق متعلقہ محکمے کی جانب سے مقررہ تاریخ تک درخواستیں طلب کی گئی ہیں اور شرائط و ضوابط کے مطابق کارروائی عمل میں لائی جائے گی۔ شہریوں سے گزارش ہے کہ وہ مقررہ وقت پر دفتر سے رجوع کریں۔ سرکاری اعلامیہ کے مطابق متعلقہ محکمے کی جانب سے مقررہ تاریخ تک درخواستیں طلب کی گئی ہیں اور شرائط و ضوابط کے مطابق کارروائی عمل میں لائی جائے گی۔ شہریوں سے گزارش ہے کہ وہ مقررہ وقت پر دفتر سے رجوع کریں۔ سرکاری اعلامیہ کے مطابق متعلقہ محکمے کی جانب سے مقررہ تاریخ تک درخواستیں طلب کی گئی ہیں اور شرائط و ضوابط کے مطابق کارروائی عمل میں لائی جائے گی۔ شہریوں سے گزارش ہے کہ وہ مقررہ وقت پر دفتر سے رجوع کریں۔
نمبر 18
سرکاری اعلامیہ کے مطابق متعلقہ محکمے کی جانب سے مقررہ تاریخ تک درخواستیں طلب کی گئی ہیں اور شرائط و ضوابط کے مطابق کارروائی عمل میں لائی جائے گی۔ شہریوں سے گزارش ہے کہ وہ مقررہ وقت پر دفتر سے رجوع کریں۔ سرکاری اعلامیہ کے مطابق متعلقہ محکمے کی جانب سے مقررہ تاریخ تک درخواستیں طلب کی گئی ہیں اور شرائط و ضوابط کے مطابق کارروائی عمل میں لائی جائے گی۔ شہریوں سے گزارش ہے کہ وہ مقررہ وقت پر دفتر سے رجوع کریں۔ سرکاری اعلامیہ کے مطابق متعلقہ محکمے کی جانب سے مقررہ تاریخ تک درخواستیں طلب کی گئی ہیں اور شرائط و ضوابط کے مطابق کارروائی عمل میں لائی جائے گی۔ شہریوں سے گزارش ہے کہ وہ مقررہ وقت پر دفتر سے رجوع کریں۔ سرکاری اعلامیہ کے مطابق متعلقہ محکمے کی جانب سے مقررہ تاریخ تک درخواستیں طلب کی گئی ہیں اور شرائط و ضوابط کے مطابق کارروائی عمل میں لائی جائے گی۔ شہریوں سے گزارش ہے کہ وہ مقررہ وقت پر دفتر سے رجوع کریں۔ سرکاری اعلامیہ کے مطابق متعلقہ محکمے کی جانب سے مقررہ تاریخ تک درخواستیں طلب کی گئی ہیں اور شرائط و ضوابط کے مطابق کارروائی عمل میں لائی جائے گی۔ شہریوں سے گزارش ہے کہ وہ مقررہ وقت پر دفتر سے رجوع کریں۔ سرکاری اعلامیہ کے مطابق متعلقہ محکمے کی جانب سے مقررہ تاریخ تک درخواستیں طلب کی گئی ہیں اور شرائط و ضوابط کے مطابق کارروائی عمل میں لائی جائے گی۔ شہریوں سے گزارش ہے کہ وہ مقررہ وقت پر دفتر سے رجوع کریں۔
نمبر 19
سرکاری اعلامیہ کے مطابق متعلقہ محکمے کی جانب سے مقررہ تاریخ تک درخواستیں طلب کی گئی ہیں اور شرائط و ضوابط کے مطابق کارروائی عمل میں لائی جائے گی۔ شہریوں سے گزارش ہے کہ وہ مقررہ وقت پر دفتر سے رجوع کریں۔ سرکاری اعلامیہ کے مطابق متعلقہ محکمے کی جانب سے مقررہ تاریخ تک درخواستیں طلب کی گئی ہیں اور شرائط و ضوابط کے مطابق کارروائی عمل میں لائی جائے گی۔ شہریوں سے گزارش ہے کہ وہ مقررہ وقت پر دفتر سے رجوع کریں۔ سرکاری اعلامیہ کے مطابق متعلقہ محکمے کی جانب سے مقررہ تاریخ تک درخواستیں طلب کی گئی ہیں اور شرائط و ضوابط کے مطابق کارروائی عمل میں لائی جائے گی۔ شہریوں سے گزارش ہے کہ وہ مقررہ وقت پر دفتر سے رجوع کریں۔ سرکاری اعلامیہ کے مطابق متعلقہ محکمے کی جانب سے مقررہ تاریخ تک درخواستیں طلب کی گئی ہیں اور شرائط و ضوابط کے مطابق کارروائی عمل میں لائی جائے گی۔ شہریوں سے گزارش ہے کہ وہ مقررہ وقت پر دفتر سے رجوع کریں۔ سرکاری اعلامیہ کے مطابق متعلقہ محکمے کی جانب سے مقررہ تاریخ تک درخواستیں طلب کی گئی ہیں اور شرائط و ضوابط کے مطابق کارروائی عمل میں لائی جائے گی۔ شہریوں سے گزارش ہے کہ وہ مقررہ وقت پر دفتر سے رجوع کریں۔ سرکاری اعلامیہ کے مطابق متعلقہ محکمے کی جانب سے مقررہ تاریخ تک درخواستیں طلب کی گئی ہیں اور شرائط و ضوابط کے مطابق کارروائی عمل میں لائی جائے گی۔ شہریوں سے گزارش ہے کہ وہ مقررہ وقت پر دفتر سے رجوع کریں۔
نمبر 20
سرکاری اعلامیہ کے مطابق متعلقہ محکمے کی جانب سے مقررہ تاریخ تک درخواستیں طلب کی گئی ہیں اور شرائط و ضوابط کے مطابق کارروائی عمل میں لائی جائے گی۔ شہریوں سے گزارش ہے کہ وہ مقررہ وقت پر دفتر سے رجوع کریں۔ سرکاری اعلامیہ کے مطابق متعلقہ محکمے کی جانب سے مقررہ تاریخ تک درخواستیں طلب کی گئی ہیں اور شرائط و ضوابط کے مطابق کارروائی عمل میں لائی جائے گی۔ شہریوں سے گزارش ہے کہ وہ مقررہ وقت پر دفتر سے رجوع کریں۔ سرکاری اعلامیہ کے مطابق متعلقہ محکمے کی جانب سے مقررہ تاریخ تک درخواستیں طلب کی گئی ہیں اور شرائط و ضوابط کے مطابق کارروائی عمل میں لائی جائے گی۔ شہریوں سے گزارش ہے کہ وہ مقررہ وقت پر دفتر سے رجوع کریں۔ سرکاری اعلامیہ کے مطابق متعلقہ محکمے کی جانب سے مقررہ تاریخ تک درخواستیں طلب کی گئی ہیں اور شرائط و ضوابط کے مطابق کارروائی عمل میں لائی جائے گی۔ شہریوں سے گزارش ہے کہ وہ مقررہ وقت پر دفتر سے رجوع کریں۔ سرکاری اعلامیہ کے مطابق متعلقہ محکمے کی جانب سے مقررہ تاریخ تک درخواستیں طلب کی گئی ہیں اور شرائط و ضوابط کے مطابق کارروائی عمل میں لائی جائے گی۔ شہریوں سے گزارش ہے کہ وہ مقررہ وقت پر دفتر سے رجوع کریں۔ سرکاری اعلامیہ کے مطابق متعلقہ محکمے کی جانب سے مقررہ تاریخ تک درخواستیں طلب کی گئی ہیں اور شرائط و ضوابط کے مطابق کارروائی عمل میں لائی جائے گی۔ شہریوں سے گزارش ہے کہ وہ مقررہ وقت پر دفتر سے رجوع کریں۔
نمبر 21
سرکاری اعلامیہ کے مطابق متعلقہ محکمے کی جانب سے مقررہ تاریخ تک درخواستیں طلب کی گئی ہیں اور شرائط و ضوابط کے مطابق کارروائی عمل میں لائی جائے گی۔ شہریوں سے گزارش ہے کہ وہ مقررہ وقت پر دفتر سے رجوع کریں۔ سرکاری اعلامیہ کے مطابق متعلقہ محکمے کی جانب سے مقررہ تاریخ تک درخواستیں طلب کی گئی ہیں اور شرائط و ضوابط کے مطابق کارروائی عمل میں لائی جائے گی۔ شہریوں سے گزارش ہے کہ وہ مقررہ وقت پر دفتر سے رجوع کریں۔ سرکاری اعلامیہ کے مطابق متعلقہ محکمے کی جانب سے مقررہ تاریخ تک درخواستیں طلب کی گئی ہیں اور شرائط و ضوابط کے مطابق کارروائی عمل میں لائی جائے گی۔ شہریوں سے گزارش ہے کہ وہ مقررہ وقت پر دفتر سے رجوع کریں۔ سرکاری اعلامیہ کے مطابق متعلقہ محکمے کی جانب سے مقررہ تاریخ تک درخواستیں طلب کی گئی ہیں اور شرائط و ضوابط کے مطابق کارروائی عمل میں لائی جائے گی۔ شہریوں سے گزارش ہے کہ وہ مقررہ وقت پر دفتر سے رجوع کریں۔ سرکاری اعلامیہ کے مطابق متعلقہ محکمے کی جانب سے مقررہ تاریخ تک درخواستیں طلب کی گئی ہیں اور شرائط و ضوابط کے مطابق کارروائی عمل میں لائی جائے گی۔ شہریوں سے گزارش ہے کہ وہ مقررہ وقت پر دفتر سے رجوع کریں۔ سرکاری اعلامیہ کے مطابق متعلقہ محکمے کی جانب سے مقررہ تاریخ تک درخواستیں طلب کی گئی ہیں اور شرائط و ضوابط کے مطابق کارروائی عمل میں لائی جائے گی۔ شہریوں سے گزارش ہے کہ وہ مقررہ وقت پر دفتر سے رجوع کریں۔
نمبر 22
سرکاری اعلامیہ کے مطابق متعلقہ محکمے کی جانب سے مقررہ تاریخ تک درخواستیں طلب کی گئی ہیں اور شرائط و ضوابط کے مطابق کارروائی عمل میں لائی جائے گی۔ شہریوں سے گزارش ہے کہ وہ مقررہ وقت پر دفتر سے رجوع کریں۔ سرکاری اعلامیہ کے مطابق متعلقہ محکمے کی جانب سے مقررہ تاریخ تک درخواستیں طلب کی گئی ہیں اور شرائط و ضوابط کے مطابق کارروائی عمل میں لائی جائے گی۔ شہریوں سے گزارش ہے کہ وہ مقررہ وقت پر دفتر سے رجوع کریں۔ سرکاری اعلامیہ کے مطابق متعلقہ محکمے کی جانب سے مقررہ تاریخ تک درخواستیں طلب کی گئی ہیں اور شرائط و ضوابط کے مطابق کارروائی عمل میں لائی جائے گی۔ شہریوں سے گزارش ہے کہ وہ مقررہ وقت پر دفتر سے رجوع کریں۔ سرکاری اعلامیہ کے مطابق متعلقہ محکمے کی جانب سے مقررہ تاریخ تک درخواستیں طلب کی گئی ہیں اور شرائط و ضوابط کے مطابق کارروائی عمل میں لائی جائے گی۔ شہریوں سے گزارش ہے کہ وہ مقررہ وقت پر دفتر سے رجوع کریں۔ سرکاری اعلامیہ کے مطابق متعلقہ محکمے کی جانب سے مقررہ تاریخ تک درخواستیں طلب کی گئی ہیں اور شرائط و ضوابط کے مطابق کارروائی عمل میں لائی جائے گی۔ شہریوں سے گزارش ہے کہ وہ مقررہ وقت پر دفتر سے رجوع کریں۔ سرکاری اعلامیہ کے مطابق متعلقہ محکمے کی جانب سے مقررہ تاریخ تک درخواستیں طلب کی گئی ہیں اور شرائط و ضوابط کے مطابق کارروائی عمل میں لائی جائے گی۔ شہریوں سے گزارش ہے کہ وہ مقررہ وقت پر دفتر سے رجوع کریں۔
نمبر 23
سرکاری اعلامیہ کے مطابق متعلقہ محکمے کی جانب سے مقررہ تاریخ تک درخواستیں طلب کی گئی ہیں اور شرائط و ضوابط کے مطابق کارروائی عمل میں لائی جائے گی۔ شہریوں سے گزارش ہے کہ وہ مقررہ وقت پر دفتر سے رجوع کریں۔ سرکاری اعلامیہ کے مطابق متعلقہ محکمے کی جانب سے مقررہ تاریخ تک درخواستیں طلب کی گئی ہیں اور شرائط و ضوابط کے مطابق کارروائی عمل میں لائی جائے گی۔ شہریوں سے گزارش ہے کہ وہ مقررہ وقت پر دفتر سے رجوع کریں۔ سرکاری اعلامیہ کے مطابق متعلقہ محکمے کی جانب سے مقررہ تاریخ تک درخواستیں طلب کی گئی ہیں اور شرائط و ضوابط کے مطابق کارروائی عمل میں لائی جائے گی۔ شہریوں سے گزارش ہے کہ وہ مقررہ وقت پر دفتر سے رجوع کریں۔ سرکاری اعلامیہ کے مطابق متعلقہ محکمے کی جانب سے مقررہ تاریخ تک درخواستیں طلب کی گئی ہیں اور شرائط و ضوابط کے مطابق کارروائی عمل میں لائی جائے گی۔ شہریوں سے گزارش ہے کہ وہ مقررہ وقت پر دفتر سے رجوع کریں۔ سرکاری اعلامیہ کے مطابق متعلقہ محکمے کی جانب سے مقررہ تاریخ تک درخواستیں طلب کی گئی ہیں اور شرائط و ضوابط کے مطابق کارروائی عمل میں لائی جائے گی۔ شہریوں سے گزارش ہے کہ وہ مقررہ وقت پر دفتر سے رجوع کریں۔ سرکاری اعلامیہ کے مطابق متعلقہ محکمے کی جانب سے مقررہ تاریخ تک درخواستیں طلب کی گئی ہیں اور شرائط و ضوابط کے مطابق کارروائی عمل میں لائی جائے گی۔ شہریوں سے گزارش ہے کہ وہ مقررہ وقت پر دفتر سے رجوع کریں۔
سرکاری اعلامیہ کے مطابق متعلقہ محکمے کی جانب سے مقررہ تاریخ تک درخواستیں طلب کی گئی ہیں اور شرائط و ضوابط کے مطابق کارروائی عمل میں لائی جائے گی۔ شہریوں سے گزارش ہے کہ وہ مقررہ وقت پر دفتر سے رجوع کریں۔ سرکاری اعلامیہ کے مطابق متعلقہ محکمے کی جانب سے مقررہ تاریخ تک درخواستیں طلب کی گئی ہیں اور شرائط و ضوابط کے مطابق کارروائی عمل میں لائی جائے گی۔ شہریوں سے گزارش ہے کہ وہ مقررہ وقت پر دفتر سے رجوع کریں۔ سرکاری اعلامیہ کے مطابق متعلقہ محکمے کی جانب سے مقررہ تاریخ تک درخواستیں طلب کی گئی ہیں اور شرائط و ضوابط کے مطابق کارروائی عمل میں لائی جائے گی۔ شہریوں سے گزارش ہے کہ وہ مقررہ وقت پر دفتر سے رجوع کریں۔ سرکاری اعلامیہ کے مطابق متعلقہ محکمے کی جانب سے مقررہ تاریخ تک درخواستیں طلب کی گئی ہیں اور شرائط و ضوابط کے مطابق کارروائی عمل میں لائی جائے گی۔ شہریوں سے گزارش ہے کہ وہ مقررہ وقت پر دفتر سے رجوع کریں۔ سرکاری اعلامیہ کے مطابق متعلقہ محکمے کی جانب سے مقررہ تاریخ تک درخواستیں طلب کی گئی ہیں اور شرائط و ضوابط کے مطابق کارروائی عمل میں لائی جائے گی۔ شہریوں سے گزارش ہے کہ وہ مقررہ وقت پر دفتر سے رجوع کریں۔ سرکاری اعلامیہ کے مطابق متعلقہ محکمے کی جانب سے مقررہ تاریخ تک درخواستیں طلب کی گئی ہیں اور شرائط و ضوابط کے مطابق کارروائی عمل میں لائی جائے گی۔ شہریوں سے گزارش ہے کہ وہ مقررہ وقت پر دفتر سے رجوع کریں۔
نمبر 7
سرکاری اعلامیہ کے مطابق متعلقہ محکمے کی جانب سے مقررہ تاریخ تک درخواستیں طلب کی گئی ہیں اور شرائط و ضوابط کے مطابق کارروائی عمل میں لائی جائے گی۔ شہریوں سے گزارش ہے کہ وہ مقررہ وقت پر دفتر سے رجوع کریں۔ سرکاری اعلامیہ کے مطابق متعلقہ محکمے کی جانب سے مقررہ تاریخ تک درخواستیں طلب کی گئی ہیں اور شرائط و ضوابط کے مطابق کارروائی عمل میں لائی جائے گی۔ شہریوں سے گزارش ہے کہ وہ مقررہ وقت پر دفتر سے رجوع کریں۔ سرکاری اعلامیہ کے مطابق متعلقہ محکمے کی جانب سے مقررہ تاریخ تک درخواستیں طلب کی گئی ہیں اور شرائط و ضوابط کے مطابق کارروائی عمل میں لائی جائے گی۔ شہریوں سے گزارش ہے کہ وہ مقررہ وقت پر دفتر سے رجوع کریں۔ سرکاری اعلامیہ کے مطابق متعلقہ محکمے کی جانب سے مقررہ تاریخ تک درخواستیں طلب کی گئی ہیں اور شرائط و ضوابط کے مطابق کارروائی عمل میں لائی جائے گی۔ شہریوں سے گزارش ہے کہ وہ مقررہ وقت پر دفتر سے رجوع کریں۔ سرکاری اعلامیہ کے مطابق متعلقہ محکمے کی جانب سے مقررہ تاریخ تک درخواستیں طلب کی گئی ہیں اور شرائط و ضوابط کے مطابق کارروائی عمل میں لائی جائے گی۔ شہریوں سے گزارش ہے کہ وہ مقررہ وقت پر دفتر سے رجوع کریں۔ سرکاری اعلامیہ کے مطابق متعلقہ محکمے کی جانب سے مقررہ تاریخ تک درخواستیں طلب کی گئی ہیں اور شرائط و ضوابط کے مطابق کارروائی عمل میں لائی جائے گی۔ شہریوں سے گزارش ہے کہ وہ مقررہ وقت پر دفتر سے رجوع کریں۔
نمبر 8
سرکاری اعلامیہ کے مطابق متعلقہ محکمے کی جانب سے مقررہ تاریخ تک درخواستیں طلب کی گئی ہیں اور شرائط و ضوابط کے مطابق کارروائی عمل میں لائی جائے گی۔ شہریوں سے گزارش ہے کہ وہ مقررہ وقت پر دفتر سے رجوع کریں۔ سرکاری اعلامیہ کے مطابق متعلقہ محکمے کی جانب سے مقررہ تاریخ تک درخواستیں طلب کی گئی ہیں اور شرائط و ضوابط کے مطابق کارروائی عمل میں لائی جائے گی۔ شہریوں سے گزارش ہے کہ وہ مقررہ وقت پر دفتر سے رجوع کریں۔ سرکاری اعلامیہ کے مطابق متعلقہ محکمے کی جانب سے مقررہ تاریخ تک درخواستیں طلب کی گئی ہیں اور شرائط و ضوابط کے مطابق کارروائی عمل میں لائی جائے گی۔ شہریوں سے گزارش ہے کہ وہ مقررہ وقت پر دفتر سے رجوع کریں۔ سرکاری اعلامیہ کے مطابق متعلقہ محکمے کی جانب سے مقررہ تاریخ تک درخواستیں طلب کی گئی ہیں اور شرائط و ضوابط کے مطابق کارروائی عمل میں لائی جائے گی۔ شہریوں سے گزارش ہے کہ وہ مقررہ وقت پر دفتر سے رجوع کریں۔ سرکاری اعلامیہ کے مطابق متعلقہ محکمے کی جانب سے مقررہ تاریخ تک درخواستیں طلب کی گئی ہیں اور شرائط و ضوابط کے مطابق کارروائی عمل میں لائی جائے گی۔ شہریوں سے گزارش ہے کہ وہ مقررہ وقت پر دفتر سے رجوع کریں۔ سرکاری اعلامیہ کے مطابق متعلقہ محکمے کی جانب سے مقررہ تاریخ تک درخواستیں طلب کی گئی ہیں اور شرائط و ضوابط کے مطابق کارروائی عمل میں لائی جائے گی۔ شہریوں سے گزارش ہے کہ وہ مقررہ وقت پر دفتر سے رجوع کریں۔
نمبر 9
سرکاری اعلامیہ کے مطابق متعلقہ محکمے کی جانب سے مقررہ تاریخ تک درخواستیں طلب کی گئی ہیں اور شرائط و ضوابط کے مطابق کارروائی عمل میں لائی جائے گی۔ شہریوں سے گزارش ہے کہ وہ مقررہ وقت پر دفتر سے رجوع کریں۔ سرکاری اعلامیہ کے مطابق متعلقہ محکمے کی جانب سے مقررہ تاریخ تک درخواستیں طلب کی گئی ہیں اور شرائط و ضوابط کے مطابق کارروائی عمل میں لائی جائے گی۔ شہریوں سے گزارش ہے کہ وہ مقررہ وقت پر دفتر سے رجوع کریں۔ سرکاری اعلامیہ کے مطابق متعلقہ محکمے کی جانب سے مقررہ تاریخ تک درخواستیں طلب کی گئی ہیں اور شرائط و ضوابط کے مطابق کارروائی عمل میں لائی جائے گی۔ شہریوں سے گزارش ہے کہ وہ مقررہ وقت پر دفتر سے رجوع کریں۔ سرکاری اعلامیہ کے مطابق متعلقہ محکمے کی جانب سے مقررہ تاریخ تک درخواستیں طلب کی گئی ہیں اور شرائط و ضوابط کے مطابق کارروائی عمل میں لائی جائے گی۔ شہریوں سے گزارش ہے کہ وہ مقررہ وقت پر دفتر سے رجوع کریں۔ سرکاری اعلامیہ کے مطابق متعلقہ محکمے کی جانب سے مقررہ تاریخ تک درخواستیں طلب کی گئی ہیں اور شرائط و ضوابط کے مطابق کارروائی عمل میں لائی جائے گی۔ شہریوں سے گزارش ہے کہ وہ مقررہ وقت پر دفتر سے رجوع کریں۔ سرکاری اعلامیہ کے مطابق متعلقہ محکمے کی جانب سے مقررہ تاریخ تک درخواستیں طلب کی گئی ہیں اور شرائط و ضوابط کے مطابق کارروائی عمل میں لائی جائے گی۔ شہریوں سے گزارش ہے کہ وہ مقررہ وقت پر دفتر سے رجوع کریں۔
نمبر 10
سرکاری اعلامیہ کے مطابق متعلقہ محکمے کی جانب سے مقررہ تاریخ تک درخواستیں طلب کی گئی ہیں اور شرائط و ضوابط کے مطابق کارروائی عمل میں لائی جائے گی۔ شہریوں سے گزارش ہے کہ وہ مقررہ وقت پر دفتر سے رجوع کریں۔ سرکاری اعلامیہ کے مطابق متعلقہ محکمے کی جانب سے مقررہ تاریخ تک درخواستیں طلب کی گئی ہیں اور شرائط و ضوابط کے مطابق کارروائی عمل میں لائی جائے گی۔ شہریوں سے گزارش ہے کہ وہ مقررہ وقت پر دفتر سے رجوع کریں۔ سرکاری اعلامیہ کے مطابق متعلقہ محکمے کی جانب سے مقررہ تاریخ تک درخواستیں طلب کی گئی ہیں اور شرائط و ضوابط کے مطابق کارروائی عمل میں لائی جائے گی۔ شہریوں سے گزارش ہے کہ وہ مقررہ وقت پر دفتر سے رجوع کریں۔ سرکاری اعلامیہ کے مطابق متعلقہ محکمے کی جانب سے مقررہ تاریخ تک درخواستیں طلب کی گئی ہیں اور شرائط و ضوابط کے مطابق کارروائی عمل میں لائی جائے گی۔ شہریوں سے گزارش ہے کہ وہ مقررہ وقت پر دفتر سے رجوع کریں۔ سرکاری اعلامیہ کے مطابق متعلقہ محکمے کی جانب سے مقررہ تاریخ تک درخواستیں طلب کی گئی ہیں اور شرائط و ضوابط کے مطابق کارروائی عمل میں لائی جائے گی۔ شہریوں سے گزارش ہے کہ وہ مقررہ وقت پر دفتر سے رجوع کریں۔ سرکاری اعلامیہ کے مطابق متعلقہ محکمے کی جانب سے مقررہ تاریخ تک درخواستیں طلب کی گئی ہیں اور شرائط و ضوابط کے مطابق کارروائی عمل میں لائی جائے گی۔ شہریوں سے گزارش ہے کہ وہ مقررہ وقت پر دفتر سے رجوع کریں۔
نمبر 11
سرکاری اعلامیہ کے مطابق متعلقہ محکمے کی جانب سے مقررہ تاریخ تک درخواستیں طلب کی گئی ہیں اور شرائط و ضوابط کے مطابق کارروائی عمل میں لائی جائے گی۔ شہریوں سے گزارش ہے کہ وہ مقررہ وقت پر دفتر سے رجوع کریں۔ سرکاری اعلامیہ کے مطابق متعلقہ محکمے کی جانب سے مقررہ تاریخ تک درخواستیں طلب کی گئی ہیں اور شرائط و ضوابط کے مطابق کارروائی عمل میں لائی جائے گی۔ شہریوں سے گزارش ہے کہ وہ مقررہ وقت پر دفتر سے رجوع کریں۔ سرکاری اعلامیہ کے مطابق متعلقہ محکمے کی جانب سے مقررہ تاریخ تک درخواستیں طلب کی گئی ہیں اور شرائط و ضوابط کے مطابق کارروائی عمل میں لائی جائے گی۔ شہریوں سے گزارش ہے کہ وہ مقررہ وقت پر دفتر سے رجوع کریں۔ سرکاری اعلامیہ کے مطابق متعلقہ محکمے کی جانب سے مقررہ تاریخ تک درخواستیں طلب کی گئی ہیں اور شرائط و ضوابط کے مطابق کارروائی عمل میں لائی جائے گی۔ شہریوں سے گزارش ہے کہ وہ مقررہ وقت پر دفتر سے رجوع کریں۔ سرکاری اعلامیہ کے مطابق متعلقہ محکمے کی جانب سے مقررہ تاریخ تک درخواستیں طلب کی گئی ہیں اور شرائط و ضوابط کے مطابق کارروائی عمل میں لائی جائے گی۔ شہریوں سے گزارش ہے کہ وہ مقررہ وقت پر دفتر سے رجوع کریں۔ سرکاری اعلامیہ کے مطابق متعلقہ محکمے کی جانب سے مقررہ تاریخ تک درخواستیں طلب کی گئی ہیں اور شرائط و ضوابط کے مطابق کارروائی عمل میں لائی جائے گی۔ شہریوں سے گزارش ہے کہ وہ مقررہ وقت پر دفتر سے رجوع کریں۔
نمبر 12
سرکاری اعلامیہ کے مطابق متعلقہ محکمے کی جانب سے مقررہ تاریخ تک درخواستیں طلب کی گئی ہیں اور شرائط و ضوابط کے مطابق کارروائی عمل میں لائی جائے گی۔ شہریوں سے گزارش ہے کہ وہ مقررہ وقت پر دفتر سے رجوع کریں۔ سرکاری اعلامیہ کے مطابق متعلقہ محکمے کی جانب سے مقررہ تاریخ تک درخواستیں طلب کی گئی ہیں اور شرائط و ضوابط کے مطابق کارروائی عمل میں لائی جائے گی۔ شہریوں سے گزارش ہے کہ وہ مقررہ وقت پر دفتر سے رجوع کریں۔ سرکاری اعلامیہ کے مطابق متعلقہ محکمے کی جانب سے مقررہ تاریخ تک درخواستیں طلب کی گئی ہیں اور شرائط و ضوابط کے مطابق کارروائی عمل میں لائی جائے گی۔ شہریوں سے گزارش ہے کہ وہ مقررہ وقت پر دفتر سے رجوع کریں۔ سرکاری اعلامیہ کے مطابق متعلقہ محکمے کی جانب سے مقررہ تاریخ تک درخواستیں طلب کی گئی ہیں اور شرائط و ضوابط کے مطابق کارروائی عمل میں لائی جائے گی۔ شہریوں سے گزارش ہے کہ وہ مقررہ وقت پر دفتر سے رجوع کریں۔ سرکاری اعلامیہ کے مطابق متعلقہ محکمے کی جانب سے مقررہ تاریخ تک درخواستیں طلب کی گئی ہیں اور شرائط و ضوابط کے مطابق کارروائی عمل میں لائی جائے گی۔ شہریوں سے گزارش ہے کہ وہ مقررہ وقت پر دفتر سے رجوع کریں۔ سرکاری اعلامیہ کے مطابق متعلقہ محکمے کی جانب سے مقررہ تاریخ تک درخواستیں طلب کی گئی ہیں اور شرائط و ضوابط کے مطابق کارروائی عمل میں لائی جائے گی۔ شہریوں سے گزارش ہے کہ وہ مقررہ وقت پر دفتر سے رجوع کریں۔
نمبر 13
سرکاری اعلامیہ کے مطابق متعلقہ محکمے کی جانب سے مقررہ تاریخ تک درخواستیں طلب کی گئی ہیں اور شرائط و ضوابط کے مطابق کارروائی عمل میں لائی جائے گی۔ شہریوں سے گزارش ہے کہ وہ مقررہ وقت پر دفتر سے رجوع کریں۔ سرکاری اعلامیہ کے مطابق متعلقہ محکمے کی جانب سے مقررہ تاریخ تک درخواستیں طلب کی گئی ہیں اور شرائط و ضوابط کے مطابق کارروائی عمل میں لائی جائے گی۔ شہریوں سے گزارش ہے کہ وہ مقررہ وقت پر دفتر سے رجوع کریں۔ سرکاری اعلامیہ کے مطابق متعلقہ محکمے کی جانب سے مقررہ تاریخ تک درخواستیں طلب کی گئی ہیں اور شرائط و ضوابط کے مطابق کارروائی عمل میں لائی جائے گی۔ شہریوں سے گزارش ہے کہ وہ مقررہ وقت پر دفتر سے رجوع کریں۔ سرکاری اعلامیہ کے مطابق متعلقہ محکمے کی جانب سے مقررہ تاریخ تک درخواستیں طلب کی گئی ہیں اور شرائط و ضوابط کے مطابق کارروائی عمل میں لائی جائے گی۔ شہریوں سے گزارش ہے کہ وہ مقررہ وقت پر دفتر سے رجوع کریں۔ سرکاری اعلامیہ کے مطابق متعلقہ محکمے کی جانب سے مقررہ تاریخ تک درخواستیں طلب کی گئی ہیں اور شرائط و ضوابط کے مطابق کارروائی عمل میں لائی جائے گی۔ شہریوں سے گزارش ہے کہ وہ مقررہ وقت پر دفتر سے رجوع کریں۔ سرکاری اعلامیہ کے مطابق متعلقہ محکمے کی جانب سے مقررہ تاریخ تک درخواستیں طلب کی گئی ہیں اور شرائط و ضوابط کے مطابق کارروائی عمل میں لائی جائے گی۔ شہریوں سے گزارش ہے کہ وہ مقررہ وقت پر دفتر سے رجوع کریں۔
نمبر 14
سرکاری اعلامیہ کے مطابق متعلقہ محکمے کی جانب سے مقررہ تاریخ تک درخواستیں طلب کی گئی ہیں اور شرائط و ضوابط کے مطابق کارروائی عمل میں لائی جائے گی۔ شہریوں سے گزارش ہے کہ وہ مقررہ وقت پر دفتر سے رجوع کریں۔ سرکاری اعلامیہ کے مطابق متعلقہ محکمے کی جانب سے مقررہ تاریخ تک درخواستیں طلب کی گئی ہیں اور شرائط و ضوابط کے مطابق کارروائی عمل میں لائی جائے گی۔ شہریوں سے گزارش ہے کہ وہ مقررہ وقت پر دفتر سے رجوع کریں۔ سرکاری اعلامیہ کے مطابق متعلقہ محکمے کی جانب سے مقررہ تاریخ تک درخواستیں طلب کی گئی ہیں اور شرائط و ضوابط کے مطابق کارروائی عمل میں لائی جائے گی۔ شہریوں سے گزارش ہے کہ وہ مقررہ وقت پر دفتر سے رجوع کریں۔ سرکاری اعلامیہ کے مطابق متعلقہ محکمے کی جانب سے مقررہ تاریخ تک درخواستیں طلب کی گئی ہیں اور شرائط و ضوابط کے مطابق کارروائی عمل میں لائی جائے گی۔ شہریوں سے گزارش ہے کہ وہ مقررہ وقت پر دفتر سے رجوع کریں۔ سرکاری اعلامیہ کے مطابق متعلقہ محکمے کی جانب سے مقررہ تاریخ تک درخواستیں طلب کی گئی ہیں اور شرائط و ضوابط کے مطابق کارروائی عمل میں لائی جائے گی۔ شہریوں سے گزارش ہے کہ وہ مقررہ وقت پر دفتر سے رجوع کریں۔ سرکاری اعلامیہ کے مطابق متعلقہ محکمے کی جانب سے مقررہ تاریخ تک درخواستیں طلب کی گئی ہیں اور شرائط و ضوابط کے مطابق کارروائی عمل میں لائی جائے گی۔ شہریوں سے گزارش ہے کہ وہ مقررہ وقت پر دفتر سے رجوع کریں۔
سرکاری اعلامیہ کے مطابق متعلقہ محکمے کی جانب سے مقررہ تاریخ تک درخواستیں طلب کی گئی ہیں اور شرائط و ضوابط کے مطابق کارروائی عمل میں لائی جائے گی۔ شہریوں سے گزارش ہے کہ وہ مقررہ وقت پر دفتر سے رجوع کریں۔ سرکاری اعلامیہ کے مطابق متعلقہ محکمے کی جانب سے مقررہ تاریخ تک درخواستیں طلب کی گئی ہیں اور شرائط و ضوابط کے مطابق کارروائی عمل میں لائی جائے گی۔ شہریوں سے گزارش ہے کہ وہ مقررہ وقت پر دفتر سے رجوع کریں۔ سرکاری اعلامیہ کے مطابق متعلقہ محکمے کی جانب سے مقررہ تاریخ تک درخواستیں طلب کی گئی ہیں اور شرائط و ضوابط کے مطابق کارروائی عمل میں لائی جائے گی۔ شہریوں سے گزارش ہے کہ وہ مقررہ وقت پر دفتر سے رجوع کریں۔ سرکاری اعلامیہ کے مطابق متعلقہ محکمے کی جانب سے مقررہ تاریخ تک درخواستیں طلب کی گئی ہیں اور شرائط و ضوابط کے مطابق کارروائی عمل میں لائی جائے گی۔ شہریوں سے گزارش ہے کہ وہ مقررہ وقت پر دفتر سے رجوع کریں۔ سرکاری اعلامیہ کے مطابق متعلقہ محکمے کی جانب سے مقررہ تاریخ تک درخواستیں طلب کی گئی ہیں اور شرائط و ضوابط کے مطابق کارروائی عمل میں لائی جائے گی۔ شہریوں سے گزارش ہے کہ وہ مقررہ وقت پر دفتر سے رجوع کریں۔ سرکاری اعلامیہ کے مطابق متعلقہ محکمے کی جانب سے مقررہ تاریخ تک درخواستیں طلب کی گئی ہیں اور شرائط و ضوابط کے مطابق کارروائی عمل میں لائی جائے گی۔ شہریوں سے گزارش ہے کہ وہ مقررہ وقت پر دفتر سے رجوع کریں۔
نمبر 1
سرکاری اعلامیہ کے مطابق متعلقہ محکمے کی جانب سے مقررہ تاریخ تک درخواستیں طلب کی گئی ہیں اور شرائط و ضوابط کے مطابق کارروائی عمل میں لائی جائے گی۔ شہریوں سے گزارش ہے کہ وہ مقررہ وقت پر دفتر سے رجوع کریں۔ سرکاری اعلامیہ کے مطابق متعلقہ محکمے کی جانب سے مقررہ تاریخ تک درخواستیں طلب کی گئی ہیں اور شرائط و ضوابط کے مطابق کارروائی عمل میں لائی جائے گی۔ شہریوں سے گزارش ہے کہ وہ مقررہ وقت پر دفتر سے رجوع کریں۔ سرکاری اعلامیہ کے مطابق متعلقہ محکمے کی جانب سے مقررہ تاریخ تک درخواستیں طلب کی گئی ہیں اور شرائط و ضوابط کے مطابق کارروائی عمل میں لائی جائے گی۔ شہریوں سے گزارش ہے کہ وہ مقررہ وقت پر دفتر سے رجوع کریں۔ سرکاری اعلامیہ کے مطابق متعلقہ محکمے کی جانب سے مقررہ تاریخ تک درخواستیں طلب کی گئی ہیں اور شرائط و ضوابط کے مطابق کارروائی عمل میں لائی جائے گی۔ شہریوں سے گزارش ہے کہ وہ مقررہ وقت پر دفتر سے رجوع کریں۔ سرکاری اعلامیہ کے مطابق متعلقہ محکمے کی جانب سے مقررہ تاریخ تک درخواستیں طلب کی گئی ہیں اور شرائط و ضوابط کے مطابق کارروائی عمل میں لائی جائے گی۔ شہریوں سے گزارش ہے کہ وہ مقررہ وقت پر دفتر سے رجوع کریں۔ سرکاری اعلامیہ کے مطابق متعلقہ محکمے کی جانب سے مقررہ تاریخ تک درخواستیں طلب کی گئی ہیں اور شرائط و ضوابط کے مطابق کارروائی عمل میں لائی جائے گی۔ شہریوں سے گزارش ہے کہ وہ مقررہ وقت پر دفتر سے رجوع کریں۔
نمبر 4
سرکاری اعلامیہ کے مطابق متعلقہ محکمے کی جانب سے مقررہ تاریخ تک درخواستیں طلب کی گئی ہیں اور شرائط و ضوابط کے مطابق کارروائی عمل میں لائی جائے گی۔ شہریوں سے گزارش ہے کہ وہ مقررہ وقت پر دفتر سے رجوع کریں۔ سرکاری اعلامیہ کے مطابق متعلقہ محکمے کی جانب سے مقررہ تاریخ تک درخواستیں طلب کی گئی ہیں اور شرائط و ضوابط کے مطابق کارروائی عمل میں لائی جائے گی۔ شہریوں سے گزارش ہے کہ وہ مقررہ وقت پر دفتر سے رجوع کریں۔ سرکاری اعلامیہ کے مطابق متعلقہ محکمے کی جانب سے مقررہ تاریخ تک درخواستیں طلب کی گئی ہیں اور شرائط و ضوابط کے مطابق کارروائی عمل میں لائی جائے گی۔ شہریوں سے گزارش ہے کہ وہ مقررہ وقت پر دفتر سے رجوع کریں۔ سرکاری اعلامیہ کے مطابق متعلقہ محکمے کی جانب سے مقررہ تاریخ تک درخواستیں طلب کی گئی ہیں اور شرائط و ضوابط کے مطابق کارروائی عمل میں لائی جائے گی۔ شہریوں سے گزارش ہے کہ وہ مقررہ وقت پر دفتر سے رجوع کریں۔ سرکاری اعلامیہ کے مطابق متعلقہ محکمے کی جانب سے مقررہ تاریخ تک درخواستیں طلب کی گئی ہیں اور شرائط و ضوابط کے مطابق کارروائی عمل میں لائی جائے گی۔ شہریوں سے گزارش ہے کہ وہ مقررہ وقت پر دفتر سے رجوع کریں۔ سرکاری اعلامیہ کے مطابق متعلقہ محکمے کی جانب سے مقررہ تاریخ تک درخواستیں طلب کی گئی ہیں اور شرائط و ضوابط کے مطابق کارروائی عمل میں لائی جائے گی۔ شہریوں سے گزارش ہے کہ وہ مقررہ وقت پر دفتر سے رجوع کریں۔
نمبر 5
سرکاری اعلامیہ کے مطابق متعلقہ محکمے کی جانب سے مقررہ تاریخ تک درخواستیں طلب کی گئی ہیں اور شرائط و ضوابط کے مطابق کارروائی عمل میں لائی جائے گی۔ شہریوں سے گزارش ہے کہ وہ مقررہ وقت پر دفتر سے رجوع کریں۔ سرکاری اعلامیہ کے مطابق متعلقہ محکمے کی جانب سے مقررہ تاریخ تک درخواستیں طلب کی گئی ہیں اور شرائط و ضوابط کے مطابق کارروائی عمل میں لائی جائے گی۔ شہریوں سے گزارش ہے کہ وہ مقررہ وقت پر دفتر سے رجوع کریں۔ سرکاری اعلامیہ کے مطابق متعلقہ محکمے کی جانب سے مقررہ تاریخ تک درخواستیں طلب کی گئی ہیں اور شرائط و ضوابط کے مطابق کارروائی عمل میں لائی جائے گی۔ شہریوں سے گزارش ہے کہ وہ مقررہ وقت پر دفتر سے رجوع کریں۔ سرکاری اعلامیہ کے مطابق متعلقہ محکمے کی جانب سے مقررہ تاریخ تک درخواستیں طلب کی گئی ہیں اور شرائط و ضوابط کے مطابق کارروائی عمل میں لائی جائے گی۔ شہریوں سے گزارش ہے کہ وہ مقررہ وقت پر دفتر سے رجوع کریں۔ سرکاری اعلامیہ کے مطابق متعلقہ محکمے کی جانب سے مقررہ تاریخ تک درخواستیں طلب کی گئی ہیں اور شرائط و ضوابط کے مطابق کارروائی عمل میں لائی جائے گی۔ شہریوں سے گزارش ہے کہ وہ مقررہ وقت پر دفتر سے رجوع کریں۔ سرکاری اعلامیہ کے مطابق متعلقہ محکمے کی جانب سے مقررہ تاریخ تک درخواستیں طلب کی گئی ہیں اور شرائط و ضوابط کے مطابق کارروائی عمل میں لائی جائے گی۔ شہریوں سے گزارش ہے کہ وہ مقررہ وقت پر دفتر سے رجوع کریں۔
نمبر 2
سرکاری اعلامیہ کے مطابق متعلقہ محکمے کی جانب سے مقررہ تاریخ تک درخواستیں طلب کی گئی ہیں اور شرائط و ضوابط کے مطابق کارروائی عمل میں لائی جائے گی۔ شہریوں سے گزارش ہے کہ وہ مقررہ وقت پر دفتر سے رجوع کریں۔ سرکاری اعلامیہ کے مطابق متعلقہ محکمے کی جانب سے مقررہ تاریخ تک درخواستیں طلب کی گئی ہیں اور شرائط و ضوابط کے مطابق کارروائی عمل میں لائی جائے گی۔ شہریوں سے گزارش ہے کہ وہ مقررہ وقت پر دفتر سے رجوع کریں۔ سرکاری اعلامیہ کے مطابق متعلقہ محکمے کی جانب سے مقررہ تاریخ تک درخواستیں طلب کی گئی ہیں اور شرائط و ضوابط کے مطابق کارروائی عمل میں لائی جائے گی۔ شہریوں سے گزارش ہے کہ وہ مقررہ وقت پر دفتر سے رجوع کریں۔ سرکاری اعلامیہ کے مطابق متعلقہ محکمے کی جانب سے مقررہ تاریخ تک درخواستیں طلب کی گئی ہیں اور شرائط و ضوابط کے مطابق کارروائی عمل میں لائی جائے گی۔ شہریوں سے گزارش ہے کہ وہ مقررہ وقت پر دفتر سے رجوع کریں۔ سرکاری اعلامیہ کے مطابق متعلقہ محکمے کی جانب سے مقررہ تاریخ تک درخواستیں طلب کی گئی ہیں اور شرائط و ضوابط کے مطابق کارروائی عمل میں لائی جائے گی۔ شہریوں سے گزارش ہے کہ وہ مقررہ وقت پر دفتر سے رجوع کریں۔ سرکاری اعلامیہ کے مطابق متعلقہ محکمے کی جانب سے مقررہ تاریخ تک درخواستیں طلب کی گئی ہیں اور شرائط و ضوابط کے مطابق کارروائی عمل میں لائی جائے گی۔ شہریوں سے گزارش ہے کہ وہ مقررہ وقت پر دفتر سے رجوع کریں۔
نمبر 3
سرکاری اعلامیہ کے مطابق متعلقہ محکمے کی جانب سے مقررہ تاریخ تک درخواستیں طلب کی گئی ہیں اور شرائط و ضوابط کے مطابق کارروائی عمل میں لائی جائے گی۔ شہریوں سے گزارش ہے کہ وہ مقررہ وقت پر دفتر سے رجوع کریں۔ سرکاری اعلامیہ کے مطابق متعلقہ محکمے کی جانب سے مقررہ تاریخ تک درخواستیں طلب کی گئی ہیں اور شرائط و ضوابط کے مطابق کارروائی عمل میں لائی جائے گی۔ شہریوں سے گزارش ہے کہ وہ مقررہ وقت پر دفتر سے رجوع کریں۔ سرکاری اعلامیہ کے مطابق متعلقہ محکمے کی جانب سے مقررہ تاریخ تک درخواستیں طلب کی گئی ہیں اور شرائط و ضوابط کے مطابق کارروائی عمل میں لائی جائے گی۔ شہریوں سے گزارش ہے کہ وہ مقررہ وقت پر دفتر سے رجوع کریں۔ سرکاری اعلامیہ کے مطابق متعلقہ محکمے کی جانب سے مقررہ تاریخ تک درخواستیں طلب کی گئی ہیں اور شرائط و ضوابط کے مطابق کارروائی عمل میں لائی جائے گی۔ شہریوں سے گزارش ہے کہ وہ مقررہ وقت پر دفتر سے رجوع کریں۔ سرکاری اعلامیہ کے مطابق متعلقہ محکمے کی جانب سے مقررہ تاریخ تک درخواستیں طلب کی گئی ہیں اور شرائط و ضوابط کے مطابق کارروائی عمل میں لائی جائے گی۔ شہریوں سے گزارش ہے کہ وہ مقررہ وقت پر دفتر سے رجوع کریں۔ سرکاری اعلامیہ کے مطابق متعلقہ محکمے کی جانب سے مقررہ تاریخ تک درخواستیں طلب کی گئی ہیں اور شرائط و ضوابط کے مطابق کارروائی عمل میں لائی جائے گی۔ شہریوں سے گزارش ہے کہ وہ مقررہ وقت پر دفتر سے رجوع کریں۔
نمبر 6
سرکاری اعلامیہ کے مطابق متعلقہ محکمے کی جانب سے مقررہ تاریخ تک درخواستیں طلب کی گئی ہیں اور شرائط و ضوابط کے مطابق کارروائی عمل میں لائی جائے گی۔ شہریوں سے گزارش ہے کہ وہ مقررہ وقت پر دفتر سے رجوع کریں۔ سرکاری اعلامیہ کے مطابق متعلقہ محکمے کی جانب سے مقررہ تاریخ تک درخواستیں طلب کی گئی ہیں اور شرائط و ضوابط کے مطابق کارروائی عمل میں لائی جائے گی۔ شہریوں سے گزارش ہے کہ وہ مقررہ وقت پر دفتر سے رجوع کریں۔ سرکاری اعلامیہ کے مطابق متعلقہ محکمے کی جانب سے مقررہ تاریخ تک درخواستیں طلب کی گئی ہیں اور شرائط و ضوابط کے مطابق کارروائی عمل میں لائی جائے گی۔ شہریوں سے گزارش ہے کہ وہ مقررہ وقت پر دفتر سے رجوع کریں۔ سرکاری اعلامیہ کے مطابق متعلقہ محکمے کی جانب سے مقررہ تاریخ تک درخواستیں طلب کی گئی ہیں اور شرائط و ضوابط کے مطابق کارروائی عمل میں لائی جائے گی۔ شہریوں سے گزارش ہے کہ وہ مقررہ وقت پر دفتر سے رجوع کریں۔ سرکاری اعلامیہ کے مطابق متعلقہ محکمے کی جانب سے مقررہ تاریخ تک درخواستیں طلب کی گئی ہیں اور شرائط و ضوابط کے مطابق کارروائی عمل میں لائی جائے گی۔ شہریوں سے گزارش ہے کہ وہ مقررہ وقت پر دفتر سے رجوع کریں۔ سرکاری اعلامیہ کے مطابق متعلقہ محکمے کی جانب سے مقررہ تاریخ تک درخواستیں طلب کی گئی ہیں اور شرائط و ضوابط کے مطابق کارروائی عمل میں لائی جائے گی۔ شہریوں سے گزارش ہے کہ وہ مقررہ وقت پر دفتر سے رجوع کریں۔
اُمت
Daily UMMAT
Karachi.
Rawalpindi.
Hyderabad.
Peshawar.
پیر ۱۷ فروری ۲۰۲۵ء
Dailyummat1@gmail.com
ٹریفک حادثات اور حکام کی ذمہ داریاں
کراچی میں ٹریفک حادثات کا سلسلہ جاری ہے۔ بھاری گاڑیوں کی وجہ سے ہونے والے حادثات میں شہری جاں بحق ہو رہے ہیں اور متعلقہ ادارے اس صورتحال پر قابو پانے میں ناکام دکھائی دیتے ہیں۔ شہر کی مصروف شاہراہوں پر ڈمپر، ٹینکر اور ٹرالر تیز رفتاری سے دوڑتے ہیں جبکہ ٹریفک پولیس کی موجودگی کے باوجود قوانین کی خلاف ورزی معمول بن چکی ہے۔ گزشتہ چند ہفتوں کے دوران درجنوں افراد جان کی بازی ہار چکے ہیں۔ حکام کی جانب سے بھاری گاڑیوں کے اوقات کار مقرر کرنے کا اعلان تو کیا گیا مگر اس پر عملدرآمد نہیں ہو سکا۔ شہریوں کا مطالبہ ہے کہ ٹریفک قوانین پر سختی سے عمل کرایا جائے اور غیر تربیت یافتہ ڈرائیوروں کے خلاف کارروائی کی جائے۔ ٹریفک پولیس کو جدید آلات سے لیس کیا جائے اور سڑکوں پر کیمروں کی تنصیب کی جائے تاکہ خلاف ورزی کرنے والوں کی نشاندہی ہو سکے۔ حکومت سندھ کو چاہیے کہ وہ اس معاملے کو سنجیدگی سے لے اور فوری اقدامات کرے۔ بلدیاتی اداروں کی ذمہ داری ہے کہ سڑکوں کی مرمت کرائیں اور ٹوٹی پھوٹی سڑکوں کی وجہ سے ہونے والے حادثات کا سدباب کریں۔ شہر کی آبادی میں اضافے کے ساتھ گاڑیوں کی تعداد بھی بڑھ رہی ہے لیکن سڑکوں کا نظام اس کے مطابق بہتر نہیں بنایا گیا۔ پبلک ٹرانسپورٹ کا نظام بھی ناکافی ہے جس کی وجہ سے لوگ موٹر سائیکلوں پر سفر کرنے پر مجبور ہیں اور یہی طبقہ سب سے زیادہ حادثات کا شکار ہوتا ہے۔ لائسنس کے اجرا کے نظام کو شفاف بنانے کی بھی ضرورت ہے تاکہ صرف اہل افراد ہی گاڑی چلا سکیں۔ ڈمپر اور ٹینکر مالکان کے خلاف بھی کارروائی ہونی چاہیے جو اپنی گاڑیوں کی فٹنس کا خیال نہیں رکھتے۔ عوامی آگاہی مہم بھی چلائی جائے تاکہ شہری ٹریفک قوانین کی پابندی کریں۔ امید ہے کہ حکام اس جانب فوری توجہ دیں گے اور قیمتی انسانی جانوں کے ضیاع کو روکنے کے لیے مؤثر حکمت عملی اپنائیں گے۔ اس سلسلے میں صوبائی حکومت، ضلعی انتظامیہ اور ٹریفک پولیس کو مل کر کام کرنا ہوگا تاکہ شہر کی سڑکیں محفوظ بن سکیں۔
✪	دفتر برائے
سینئر سپرنٹنڈنٹ آف پولیس
ٹریفک ڈسٹرکٹ سٹی،
کراچی
SSP TRAFFIC/
DISTRICT/CITY/G.B/53-61/KARACHI,DATED:12-02-2025
بولی کی منسوخی کا نوٹس
SSP TRAFFIC (NIT)
DISTRICT/CITY/G.B/53-61/KARACHI,DATED:12-02-2025
INF/KRY 72/2025
T01837-21-0001
PPMS NIT ID
یہ نوٹس انوائٹنگ ٹینڈر نمبر کے حوالے سے ہے جو مورخہ 10 جنوری 2025 کو اخبارات میں شائع کیا گیا تھا۔ بولی ایس پی پی آر اے رولز 2010 کے تحت منسوخ کی جاتی ہے۔ QPM, PSP ویب سائٹ پر دستیاب ہے۔ SPPRA کی ویب سائٹ ملاحظہ کریں۔
سینئر سپرنٹنڈنٹ آف پولیس ٹریفک ڈسٹرکٹ سٹی کراچی
INF-KRY 553/25
